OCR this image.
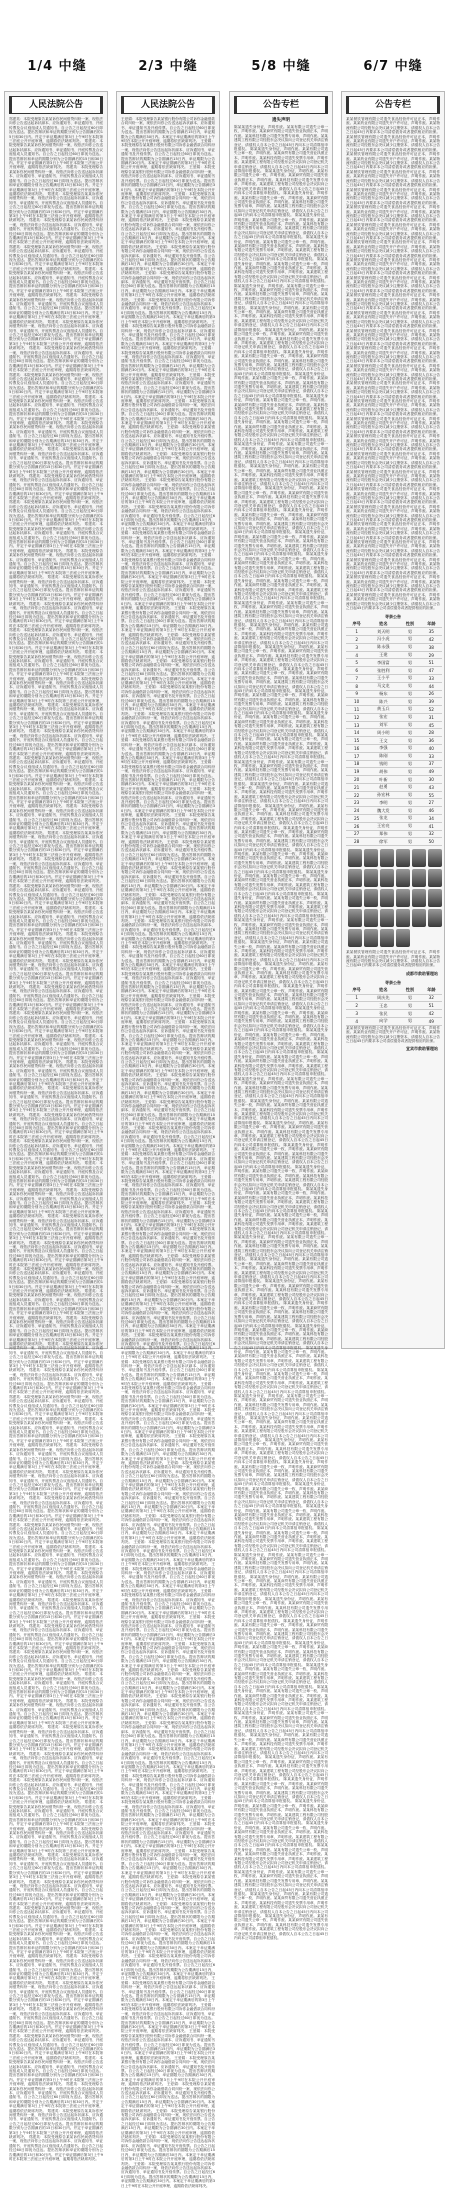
1/4 中缝	2/3 中缝	5/8 中缝	6/7 中缝
人民法院公告
郑建英：本院受理原告某某诉你民间借贷纠纷一案，现依法向你公告送达起诉状副本、应诉通知书、举证通知书、开庭传票及合议庭组成人员通知书。自公告之日起经过60日即视为送达。提出答辩状和举证的期限分别为公告期满后的15日和30日内。并定于举证期满后第3日上午9时在本院第三法庭公开开庭审理，逾期将依法缺席判决。 郑建英：本院受理原告某某诉你民间借贷纠纷一案，现依法向你公告送达起诉状副本、应诉通知书、举证通知书、开庭传票及合议庭组成人员通知书。自公告之日起经过60日即视为送达。提出答辩状和举证的期限分别为公告期满后的15日和30日内。并定于举证期满后第3日上午9时在本院第三法庭公开开庭审理，逾期将依法缺席判决。 郑建英：本院受理原告某某诉你民间借贷纠纷一案，现依法向你公告送达起诉状副本、应诉通知书、举证通知书、开庭传票及合议庭组成人员通知书。自公告之日起经过60日即视为送达。提出答辩状和举证的期限分别为公告期满后的15日和30日内。并定于举证期满后第3日上午9时在本院第三法庭公开开庭审理，逾期将依法缺席判决。 郑建英：本院受理原告某某诉你民间借贷纠纷一案，现依法向你公告送达起诉状副本、应诉通知书、举证通知书、开庭传票及合议庭组成人员通知书。自公告之日起经过60日即视为送达。提出答辩状和举证的期限分别为公告期满后的15日和30日内。并定于举证期满后第3日上午9时在本院第三法庭公开开庭审理，逾期将依法缺席判决。 郑建英：本院受理原告某某诉你民间借贷纠纷一案，现依法向你公告送达起诉状副本、应诉通知书、举证通知书、开庭传票及合议庭组成人员通知书。自公告之日起经过60日即视为送达。提出答辩状和举证的期限分别为公告期满后的15日和30日内。并定于举证期满后第3日上午9时在本院第三法庭公开开庭审理，逾期将依法缺席判决。 郑建英：本院受理原告某某诉你民间借贷纠纷一案，现依法向你公告送达起诉状副本、应诉通知书、举证通知书、开庭传票及合议庭组成人员通知书。自公告之日起经过60日即视为送达。提出答辩状和举证的期限分别为公告期满后的15日和30日内。并定于举证期满后第3日上午9时在本院第三法庭公开开庭审理，逾期将依法缺席判决。 郑建英：本院受理原告某某诉你民间借贷纠纷一案，现依法向你公告送达起诉状副本、应诉通知书、举证通知书、开庭传票及合议庭组成人员通知书。自公告之日起经过60日即视为送达。提出答辩状和举证的期限分别为公告期满后的15日和30日内。并定于举证期满后第3日上午9时在本院第三法庭公开开庭审理，逾期将依法缺席判决。 郑建英：本院受理原告某某诉你民间借贷纠纷一案，现依法向你公告送达起诉状副本、应诉通知书、举证通知书、开庭传票及合议庭组成人员通知书。自公告之日起经过60日即视为送达。提出答辩状和举证的期限分别为公告期满后的15日和30日内。并定于举证期满后第3日上午9时在本院第三法庭公开开庭审理，逾期将依法缺席判决。 郑建英：本院受理原告某某诉你民间借贷纠纷一案，现依法向你公告送达起诉状副本、应诉通知书、举证通知书、开庭传票及合议庭组成人员通知书。自公告之日起经过60日即视为送达。提出答辩状和举证的期限分别为公告期满后的15日和30日内。并定于举证期满后第3日上午9时在本院第三法庭公开开庭审理，逾期将依法缺席判决。 郑建英：本院受理原告某某诉你民间借贷纠纷一案，现依法向你公告送达起诉状副本、应诉通知书、举证通知书、开庭传票及合议庭组成人员通知书。自公告之日起经过60日即视为送达。提出答辩状和举证的期限分别为公告期满后的15日和30日内。并定于举证期满后第3日上午9时在本院第三法庭公开开庭审理，逾期将依法缺席判决。 郑建英：本院受理原告某某诉你民间借贷纠纷一案，现依法向你公告送达起诉状副本、应诉通知书、举证通知书、开庭传票及合议庭组成人员通知书。自公告之日起经过60日即视为送达。提出答辩状和举证的期限分别为公告期满后的15日和30日内。并定于举证期满后第3日上午9时在本院第三法庭公开开庭审理，逾期将依法缺席判决。 郑建英：本院受理原告某某诉你民间借贷纠纷一案，现依法向你公告送达起诉状副本、应诉通知书、举证通知书、开庭传票及合议庭组成人员通知书。自公告之日起经过60日即视为送达。提出答辩状和举证的期限分别为公告期满后的15日和30日内。并定于举证期满后第3日上午9时在本院第三法庭公开开庭审理，逾期将依法缺席判决。 郑建英：本院受理原告某某诉你民间借贷纠纷一案，现依法向你公告送达起诉状副本、应诉通知书、举证通知书、开庭传票及合议庭组成人员通知书。自公告之日起经过60日即视为送达。提出答辩状和举证的期限分别为公告期满后的15日和30日内。并定于举证期满后第3日上午9时在本院第三法庭公开开庭审理，逾期将依法缺席判决。 郑建英：本院受理原告某某诉你民间借贷纠纷一案，现依法向你公告送达起诉状副本、应诉通知书、举证通知书、开庭传票及合议庭组成人员通知书。自公告之日起经过60日即视为送达。提出答辩状和举证的期限分别为公告期满后的15日和30日内。并定于举证期满后第3日上午9时在本院第三法庭公开开庭审理，逾期将依法缺席判决。 郑建英：本院受理原告某某诉你民间借贷纠纷一案，现依法向你公告送达起诉状副本、应诉通知书、举证通知书、开庭传票及合议庭组成人员通知书。自公告之日起经过60日即视为送达。提出答辩状和举证的期限分别为公告期满后的15日和30日内。并定于举证期满后第3日上午9时在本院第三法庭公开开庭审理，逾期将依法缺席判决。 郑建英：本院受理原告某某诉你民间借贷纠纷一案，现依法向你公告送达起诉状副本、应诉通知书、举证通知书、开庭传票及合议庭组成人员通知书。自公告之日起经过60日即视为送达。提出答辩状和举证的期限分别为公告期满后的15日和30日内。并定于举证期满后第3日上午9时在本院第三法庭公开开庭审理，逾期将依法缺席判决。 郑建英：本院受理原告某某诉你民间借贷纠纷一案，现依法向你公告送达起诉状副本、应诉通知书、举证通知书、开庭传票及合议庭组成人员通知书。自公告之日起经过60日即视为送达。提出答辩状和举证的期限分别为公告期满后的15日和30日内。并定于举证期满后第3日上午9时在本院第三法庭公开开庭审理，逾期将依法缺席判决。 郑建英：本院受理原告某某诉你民间借贷纠纷一案，现依法向你公告送达起诉状副本、应诉通知书、举证通知书、开庭传票及合议庭组成人员通知书。自公告之日起经过60日即视为送达。提出答辩状和举证的期限分别为公告期满后的15日和30日内。并定于举证期满后第3日上午9时在本院第三法庭公开开庭审理，逾期将依法缺席判决。 郑建英：本院受理原告某某诉你民间借贷纠纷一案，现依法向你公告送达起诉状副本、应诉通知书、举证通知书、开庭传票及合议庭组成人员通知书。自公告之日起经过60日即视为送达。提出答辩状和举证的期限分别为公告期满后的15日和30日内。并定于举证期满后第3日上午9时在本院第三法庭公开开庭审理，逾期将依法缺席判决。 郑建英：本院受理原告某某诉你民间借贷纠纷一案，现依法向你公告送达起诉状副本、应诉通知书、举证通知书、开庭传票及合议庭组成人员通知书。自公告之日起经过60日即视为送达。提出答辩状和举证的期限分别为公告期满后的15日和30日内。并定于举证期满后第3日上午9时在本院第三法庭公开开庭审理，逾期将依法缺席判决。 郑建英：本院受理原告某某诉你民间借贷纠纷一案，现依法向你公告送达起诉状副本、应诉通知书、举证通知书、开庭传票及合议庭组成人员通知书。自公告之日起经过60日即视为送达。提出答辩状和举证的期限分别为公告期满后的15日和30日内。并定于举证期满后第3日上午9时在本院第三法庭公开开庭审理，逾期将依法缺席判决。 郑建英：本院受理原告某某诉你民间借贷纠纷一案，现依法向你公告送达起诉状副本、应诉通知书、举证通知书、开庭传票及合议庭组成人员通知书。自公告之日起经过60日即视为送达。提出答辩状和举证的期限分别为公告期满后的15日和30日内。并定于举证期满后第3日上午9时在本院第三法庭公开开庭审理，逾期将依法缺席判决。 郑建英：本院受理原告某某诉你民间借贷纠纷一案，现依法向你公告送达起诉状副本、应诉通知书、举证通知书、开庭传票及合议庭组成人员通知书。自公告之日起经过60日即视为送达。提出答辩状和举证的期限分别为公告期满后的15日和30日内。并定于举证期满后第3日上午9时在本院第三法庭公开开庭审理，逾期将依法缺席判决。 郑建英：本院受理原告某某诉你民间借贷纠纷一案，现依法向你公告送达起诉状副本、应诉通知书、举证通知书、开庭传票及合议庭组成人员通知书。自公告之日起经过60日即视为送达。提出答辩状和举证的期限分别为公告期满后的15日和30日内。并定于举证期满后第3日上午9时在本院第三法庭公开开庭审理，逾期将依法缺席判决。 郑建英：本院受理原告某某诉你民间借贷纠纷一案，现依法向你公告送达起诉状副本、应诉通知书、举证通知书、开庭传票及合议庭组成人员通知书。自公告之日起经过60日即视为送达。提出答辩状和举证的期限分别为公告期满后的15日和30日内。并定于举证期满后第3日上午9时在本院第三法庭公开开庭审理，逾期将依法缺席判决。 郑建英：本院受理原告某某诉你民间借贷纠纷一案，现依法向你公告送达起诉状副本、应诉通知书、举证通知书、开庭传票及合议庭组成人员通知书。自公告之日起经过60日即视为送达。提出答辩状和举证的期限分别为公告期满后的15日和30日内。并定于举证期满后第3日上午9时在本院第三法庭公开开庭审理，逾期将依法缺席判决。 郑建英：本院受理原告某某诉你民间借贷纠纷一案，现依法向你公告送达起诉状副本、应诉通知书、举证通知书、开庭传票及合议庭组成人员通知书。自公告之日起经过60日即视为送达。提出答辩状和举证的期限分别为公告期满后的15日和30日内。并定于举证期满后第3日上午9时在本院第三法庭公开开庭审理，逾期将依法缺席判决。 郑建英：本院受理原告某某诉你民间借贷纠纷一案，现依法向你公告送达起诉状副本、应诉通知书、举证通知书、开庭传票及合议庭组成人员通知书。自公告之日起经过60日即视为送达。提出答辩状和举证的期限分别为公告期满后的15日和30日内。并定于举证期满后第3日上午9时在本院第三法庭公开开庭审理，逾期将依法缺席判决。 郑建英：本院受理原告某某诉你民间借贷纠纷一案，现依法向你公告送达起诉状副本、应诉通知书、举证通知书、开庭传票及合议庭组成人员通知书。自公告之日起经过60日即视为送达。提出答辩状和举证的期限分别为公告期满后的15日和30日内。并定于举证期满后第3日上午9时在本院第三法庭公开开庭审理，逾期将依法缺席判决。 郑建英：本院受理原告某某诉你民间借贷纠纷一案，现依法向你公告送达起诉状副本、应诉通知书、举证通知书、开庭传票及合议庭组成人员通知书。自公告之日起经过60日即视为送达。提出答辩状和举证的期限分别为公告期满后的15日和30日内。并定于举证期满后第3日上午9时在本院第三法庭公开开庭审理，逾期将依法缺席判决。 郑建英：本院受理原告某某诉你民间借贷纠纷一案，现依法向你公告送达起诉状副本、应诉通知书、举证通知书、开庭传票及合议庭组成人员通知书。自公告之日起经过60日即视为送达。提出答辩状和举证的期限分别为公告期满后的15日和30日内。并定于举证期满后第3日上午9时在本院第三法庭公开开庭审理，逾期将依法缺席判决。 郑建英：本院受理原告某某诉你民间借贷纠纷一案，现依法向你公告送达起诉状副本、应诉通知书、举证通知书、开庭传票及合议庭组成人员通知书。自公告之日起经过60日即视为送达。提出答辩状和举证的期限分别为公告期满后的15日和30日内。并定于举证期满后第3日上午9时在本院第三法庭公开开庭审理，逾期将依法缺席判决。 郑建英：本院受理原告某某诉你民间借贷纠纷一案，现依法向你公告送达起诉状副本、应诉通知书、举证通知书、开庭传票及合议庭组成人员通知书。自公告之日起经过60日即视为送达。提出答辩状和举证的期限分别为公告期满后的15日和30日内。并定于举证期满后第3日上午9时在本院第三法庭公开开庭审理，逾期将依法缺席判决。 郑建英：本院受理原告某某诉你民间借贷纠纷一案，现依法向你公告送达起诉状副本、应诉通知书、举证通知书、开庭传票及合议庭组成人员通知书。自公告之日起经过60日即视为送达。提出答辩状和举证的期限分别为公告期满后的15日和30日内。并定于举证期满后第3日上午9时在本院第三法庭公开开庭审理，逾期将依法缺席判决。 郑建英：本院受理原告某某诉你民间借贷纠纷一案，现依法向你公告送达起诉状副本、应诉通知书、举证通知书、开庭传票及合议庭组成人员通知书。自公告之日起经过60日即视为送达。提出答辩状和举证的期限分别为公告期满后的15日和30日内。并定于举证期满后第3日上午9时在本院第三法庭公开开庭审理，逾期将依法缺席判决。 郑建英：本院受理原告某某诉你民间借贷纠纷一案，现依法向你公告送达起诉状副本、应诉通知书、举证通知书、开庭传票及合议庭组成人员通知书。自公告之日起经过60日即视为送达。提出答辩状和举证的期限分别为公告期满后的15日和30日内。并定于举证期满后第3日上午9时在本院第三法庭公开开庭审理，逾期将依法缺席判决。 郑建英：本院受理原告某某诉你民间借贷纠纷一案，现依法向你公告送达起诉状副本、应诉通知书、举证通知书、开庭传票及合议庭组成人员通知书。自公告之日起经过60日即视为送达。提出答辩状和举证的期限分别为公告期满后的15日和30日内。并定于举证期满后第3日上午9时在本院第三法庭公开开庭审理，逾期将依法缺席判决。 郑建英：本院受理原告某某诉你民间借贷纠纷一案，现依法向你公告送达起诉状副本、应诉通知书、举证通知书、开庭传票及合议庭组成人员通知书。自公告之日起经过60日即视为送达。提出答辩状和举证的期限分别为公告期满后的15日和30日内。并定于举证期满后第3日上午9时在本院第三法庭公开开庭审理，逾期将依法缺席判决。 郑建英：本院受理原告某某诉你民间借贷纠纷一案，现依法向你公告送达起诉状副本、应诉通知书、举证通知书、开庭传票及合议庭组成人员通知书。自公告之日起经过60日即视为送达。提出答辩状和举证的期限分别为公告期满后的15日和30日内。并定于举证期满后第3日上午9时在本院第三法庭公开开庭审理，逾期将依法缺席判决。 郑建英：本院受理原告某某诉你民间借贷纠纷一案，现依法向你公告送达起诉状副本、应诉通知书、举证通知书、开庭传票及合议庭组成人员通知书。自公告之日起经过60日即视为送达。提出答辩状和举证的期限分别为公告期满后的15日和30日内。并定于举证期满后第3日上午9时在本院第三法庭公开开庭审理，逾期将依法缺席判决。 郑建英：本院受理原告某某诉你民间借贷纠纷一案，现依法向你公告送达起诉状副本、应诉通知书、举证通知书、开庭传票及合议庭组成人员通知书。自公告之日起经过60日即视为送达。提出答辩状和举证的期限分别为公告期满后的15日和30日内。并定于举证期满后第3日上午9时在本院第三法庭公开开庭审理，逾期将依法缺席判决。 郑建英：本院受理原告某某诉你民间借贷纠纷一案，现依法向你公告送达起诉状副本、应诉通知书、举证通知书、开庭传票及合议庭组成人员通知书。自公告之日起经过60日即视为送达。提出答辩状和举证的期限分别为公告期满后的15日和30日内。并定于举证期满后第3日上午9时在本院第三法庭公开开庭审理，逾期将依法缺席判决。 郑建英：本院受理原告某某诉你民间借贷纠纷一案，现依法向你公告送达起诉状副本、应诉通知书、举证通知书、开庭传票及合议庭组成人员通知书。自公告之日起经过60日即视为送达。提出答辩状和举证的期限分别为公告期满后的15日和30日内。并定于举证期满后第3日上午9时在本院第三法庭公开开庭审理，逾期将依法缺席判决。 郑建英：本院受理原告某某诉你民间借贷纠纷一案，现依法向你公告送达起诉状副本、应诉通知书、举证通知书、开庭传票及合议庭组成人员通知书。自公告之日起经过60日即视为送达。提出答辩状和举证的期限分别为公告期满后的15日和30日内。并定于举证期满后第3日上午9时在本院第三法庭公开开庭审理，逾期将依法缺席判决。 郑建英：本院受理原告某某诉你民间借贷纠纷一案，现依法向你公告送达起诉状副本、应诉通知书、举证通知书、开庭传票及合议庭组成人员通知书。自公告之日起经过60日即视为送达。提出答辩状和举证的期限分别为公告期满后的15日和30日内。并定于举证期满后第3日上午9时在本院第三法庭公开开庭审理，逾期将依法缺席判决。 郑建英：本院受理原告某某诉你民间借贷纠纷一案，现依法向你公告送达起诉状副本、应诉通知书、举证通知书、开庭传票及合议庭组成人员通知书。自公告之日起经过60日即视为送达。提出答辩状和举证的期限分别为公告期满后的15日和30日内。并定于举证期满后第3日上午9时在本院第三法庭公开开庭审理，逾期将依法缺席判决。 郑建英：本院受理原告某某诉你民间借贷纠纷一案，现依法向你公告送达起诉状副本、应诉通知书、举证通知书、开庭传票及合议庭组成人员通知书。自公告之日起经过60日即视为送达。提出答辩状和举证的期限分别为公告期满后的15日和30日内。并定于举证期满后第3日上午9时在本院第三法庭公开开庭审理，逾期将依法缺席判决。 郑建英：本院受理原告某某诉你民间借贷纠纷一案，现依法向你公告送达起诉状副本、应诉通知书、举证通知书、开庭传票及合议庭组成人员通知书。自公告之日起经过60日即视为送达。提出答辩状和举证的期限分别为公告期满后的15日和30日内。并定于举证期满后第3日上午9时在本院第三法庭公开开庭审理，逾期将依法缺席判决。 郑建英：本院受理原告某某诉你民间借贷纠纷一案，现依法向你公告送达起诉状副本、应诉通知书、举证通知书、开庭传票及合议庭组成人员通知书。自公告之日起经过60日即视为送达。提出答辩状和举证的期限分别为公告期满后的15日和30日内。并定于举证期满后第3日上午9时在本院第三法庭公开开庭审理，逾期将依法缺席判决。 郑建英：本院受理原告某某诉你民间借贷纠纷一案，现依法向你公告送达起诉状副本、应诉通知书、举证通知书、开庭传票及合议庭组成人员通知书。自公告之日起经过60日即视为送达。提出答辩状和举证的期限分别为公告期满后的15日和30日内。并定于举证期满后第3日上午9时在本院第三法庭公开开庭审理，逾期将依法缺席判决。 郑建英：本院受理原告某某诉你民间借贷纠纷一案，现依法向你公告送达起诉状副本、应诉通知书、举证通知书、开庭传票及合议庭组成人员通知书。自公告之日起经过60日即视为送达。提出答辩状和举证的期限分别为公告期满后的15日和30日内。并定于举证期满后第3日上午9时在本院第三法庭公开开庭审理，逾期将依法缺席判决。 郑建英：本院受理原告某某诉你民间借贷纠纷一案，现依法向你公告送达起诉状副本、应诉通知书、举证通知书、开庭传票及合议庭组成人员通知书。自公告之日起经过60日即视为送达。提出答辩状和举证的期限分别为公告期满后的15日和30日内。并定于举证期满后第3日上午9时在本院第三法庭公开开庭审理，逾期将依法缺席判决。 郑建英：本院受理原告某某诉你民间借贷纠纷一案，现依法向你公告送达起诉状副本、应诉通知书、举证通知书、开庭传票及合议庭组成人员通知书。自公告之日起经过60日即视为送达。提出答辩状和举证的期限分别为公告期满后的15日和30日内。并定于举证期满后第3日上午9时在本院第三法庭公开开庭审理，逾期将依法缺席判决。 郑建英：本院受理原告某某诉你民间借贷纠纷一案，现依法向你公告送达起诉状副本、应诉通知书、举证通知书、开庭传票及合议庭组成人员通知书。自公告之日起经过60日即视为送达。提出答辩状和举证的期限分别为公告期满后的15日和30日内。并定于举证期满后第3日上午9时在本院第三法庭公开开庭审理，逾期将依法缺席判决。 郑建英：本院受理原告某某诉你民间借贷纠纷一案，现依法向你公告送达起诉状副本、应诉通知书、举证通知书、开庭传票及合议庭组成人员通知书。自公告之日起经过60日即视为送达。提出答辩状和举证的期限分别为公告期满后的15日和30日内。并定于举证期满后第3日上午9时在本院第三法庭公开开庭审理，逾期将依法缺席判决。 郑建英：本院受理原告某某诉你民间借贷纠纷一案，现依法向你公告送达起诉状副本、应诉通知书、举证通知书、开庭传票及合议庭组成人员通知书。自公告之日起经过60日即视为送达。提出答辩状和举证的期限分别为公告期满后的15日和30日内。并定于举证期满后第3日上午9时在本院第三法庭公开开庭审理，逾期将依法缺席判决。 郑建英：本院受理原告某某诉你民间借贷纠纷一案，现依法向你公告送达起诉状副本、应诉通知书、举证通知书、开庭传票及合议庭组成人员通知书。自公告之日起经过60日即视为送达。提出答辩状和举证的期限分别为公告期满后的15日和30日内。并定于举证期满后第3日上午9时在本院第三法庭公开开庭审理，逾期将依法缺席判决。 郑建英：本院受理原告某某诉你民间借贷纠纷一案，现依法向你公告送达起诉状副本、应诉通知书、举证通知书、开庭传票及合议庭组成人员通知书。自公告之日起经过60日即视为送达。提出答辩状和举证的期限分别为公告期满后的15日和30日内。并定于举证期满后第3日上午9时在本院第三法庭公开开庭审理，逾期将依法缺席判决。 郑建英：本院受理原告某某诉你民间借贷纠纷一案，现依法向你公告送达起诉状副本、应诉通知书、举证通知书、开庭传票及合议庭组成人员通知书。自公告之日起经过60日即视为送达。提出答辩状和举证的期限分别为公告期满后的15日和30日内。并定于举证期满后第3日上午9时在本院第三法庭公开开庭审理，逾期将依法缺席判决。 郑建英：本院受理原告某某诉你民间借贷纠纷一案，现依法向你公告送达起诉状副本、应诉通知书、举证通知书、开庭传票及合议庭组成人员通知书。自公告之日起经过60日即视为送达。提出答辩状和举证的期限分别为公告期满后的15日和30日内。并定于举证期满后第3日上午9时在本院第三法庭公开开庭审理，逾期将依法缺席判决。 郑建英：本院受理原告某某诉你民间借贷纠纷一案，现依法向你公告送达起诉状副本、应诉通知书、举证通知书、开庭传票及合议庭组成人员通知书。自公告之日起经过60日即视为送达。提出答辩状和举证的期限分别为公告期满后的15日和30日内。并定于举证期满后第3日上午9时在本院第三法庭公开开庭审理，逾期将依法缺席判决。 郑建英：本院受理原告某某诉你民间借贷纠纷一案，现依法向你公告送达起诉状副本、应诉通知书、举证通知书、开庭传票及合议庭组成人员通知书。自公告之日起经过60日即视为送达。提出答辩状和举证的期限分别为公告期满后的15日和30日内。并定于举证期满后第3日上午9时在本院第三法庭公开开庭审理，逾期将依法缺席判决。 郑建英：本院受理原告某某诉你民间借贷纠纷一案，现依法向你公告送达起诉状副本、应诉通知书、举证通知书、开庭传票及合议庭组成人员通知书。自公告之日起经过60日即视为送达。提出答辩状和举证的期限分别为公告期满后的15日和30日内。并定于举证期满后第3日上午9时在本院第三法庭公开开庭审理，逾期将依法缺席判决。 郑建英：本院受理原告某某诉你民间借贷纠纷一案，现依法向你公告送达起诉状副本、应诉通知书、举证通知书、开庭传票及合议庭组成人员通知书。自公告之日起经过60日即视为送达。提出答辩状和举证的期限分别为公告期满后的15日和30日内。并定于举证期满后第3日上午9时在本院第三法庭公开开庭审理，逾期将依法缺席判决。 郑建英：本院受理原告某某诉你民间借贷纠纷一案，现依法向你公告送达起诉状副本、应诉通知书、举证通知书、开庭传票及合议庭组成人员通知书。自公告之日起经过60日即视为送达。提出答辩状和举证的期限分别为公告期满后的15日和30日内。并定于举证期满后第3日上午9时在本院第三法庭公开开庭审理，逾期将依法缺席判决。 郑建英：本院受理原告某某诉你民间借贷纠纷一案，现依法向你公告送达起诉状副本、应诉通知书、举证通知书、开庭传票及合议庭组成人员通知书。自公告之日起经过60日即视为送达。提出答辩状和举证的期限分别为公告期满后的15日和30日内。并定于举证期满后第3日上午9时在本院第三法庭公开开庭审理，逾期将依法缺席判决。 郑建英：本院受理原告某某诉你民间借贷纠纷一案，现依法向你公告送达起诉状副本、应诉通知书、举证通知书、开庭传票及合议庭组成人员通知书。自公告之日起经过60日即视为送达。提出答辩状和举证的期限分别为公告期满后的15日和30日内。并定于举证期满后第3日上午9时在本院第三法庭公开开庭审理，逾期将依法缺席判决。 郑建英：本院受理原告某某诉你民间借贷纠纷一案，现依法向你公告送达起诉状副本、应诉通知书、举证通知书、开庭传票及合议庭组成人员通知书。自公告之日起经过60日即视为送达。提出答辩状和举证的期限分别为公告期满后的15日和30日内。并定于举证期满后第3日上午9时在本院第三法庭公开开庭审理，逾期将依法缺席判决。 郑建英：本院受理原告某某诉你民间借贷纠纷一案，现依法向你公告送达起诉状副本、应诉通知书、举证通知书、开庭传票及合议庭组成人员通知书。自公告之日起经过60日即视为送达。提出答辩状和举证的期限分别为公告期满后的15日和30日内。并定于举证期满后第3日上午9时在本院第三法庭公开开庭审理，逾期将依法缺席判决。 郑建英：本院受理原告某某诉你民间借贷纠纷一案，现依法向你公告送达起诉状副本、应诉通知书、举证通知书、开庭传票及合议庭组成人员通知书。自公告之日起经过60日即视为送达。提出答辩状和举证的期限分别为公告期满后的15日和30日内。并定于举证期满后第3日上午9时在本院第三法庭公开开庭审理，逾期将依法缺席判决。 郑建英：本院受理原告某某诉你民间借贷纠纷一案，现依法向你公告送达起诉状副本、应诉通知书、举证通知书、开庭传票及合议庭组成人员通知书。自公告之日起经过60日即视为送达。提出答辩状和举证的期限分别为公告期满后的15日和30日内。并定于举证期满后第3日上午9时在本院第三法庭公开开庭审理，逾期将依法缺席判决。 郑建英：本院受理原告某某诉你民间借贷纠纷一案，现依法向你公告送达起诉状副本、应诉通知书、举证通知书、开庭传票及合议庭组成人员通知书。自公告之日起经过60日即视为送达。提出答辩状和举证的期限分别为公告期满后的15日和30日内。并定于举证期满后第3日上午9时在本院第三法庭公开开庭审理，逾期将依法缺席判决。 郑建英：本院受理原告某某诉你民间借贷纠纷一案，现依法向你公告送达起诉状副本、应诉通知书、举证通知书、开庭传票及合议庭组成人员通知书。自公告之日起经过60日即视为送达。提出答辩状和举证的期限分别为公告期满后的15日和30日内。并定于举证期满后第3日上午9时在本院第三法庭公开开庭审理，逾期将依法缺席判决。 郑建英：本院受理原告某某诉你民间借贷纠纷一案，现依法向你公告送达起诉状副本、应诉通知书、举证通知书、开庭传票及合议庭组成人员通知书。自公告之日起经过60日即视为送达。提出答辩状和举证的期限分别为公告期满后的15日和30日内。并定于举证期满后第3日上午9时在本院第三法庭公开开庭审理，逾期将依法缺席判决。 郑建英：本院受理原告某某诉你民间借贷纠纷一案，现依法向你公告送达起诉状副本、应诉通知书、举证通知书、开庭传票及合议庭组成人员通知书。自公告之日起经过60日即视为送达。提出答辩状和举证的期限分别为公告期满后的15日和30日内。并定于举证期满后第3日上午9时在本院第三法庭公开开庭审理，逾期将依法缺席判决。 郑建英：本院受理原告某某诉你民间借贷纠纷一案，现依法向你公告送达起诉状副本、应诉通知书、举证通知书、开庭传票及合议庭组成人员通知书。自公告之日起经过60日即视为送达。提出答辩状和举证的期限分别为公告期满后的15日和30日内。并定于举证期满后第3日上午9时在本院第三法庭公开开庭审理，逾期将依法缺席判决。 郑建英：本院受理原告某某诉你民间借贷纠纷一案，现依法向你公告送达起诉状副本、应诉通知书、举证通知书、开庭传票及合议庭组成人员通知书。自公告之日起经过60日即视为送达。提出答辩状和举证的期限分别为公告期满后的15日和30日内。并定于举证期满后第3日上午9时在本院第三法庭公开开庭审理，逾期将依法缺席判决。 郑建英：本院受理原告某某诉你民间借贷纠纷一案，现依法向你公告送达起诉状副本、应诉通知书、举证通知书、开庭传票及合议庭组成人员通知书。自公告之日起经过60日即视为送达。提出答辩状和举证的期限分别为公告期满后的15日和30日内。并定于举证期满后第3日上午9时在本院第三法庭公开开庭审理，逾期将依法缺席判决。 郑建英：本院受理原告某某诉你民间借贷纠纷一案，现依法向你公告送达起诉状副本、应诉通知书、举证通知书、开庭传票及合议庭组成人员通知书。自公告之日起经过60日即视为送达。提出答辩状和举证的期限分别为公告期满后的15日和30日内。并定于举证期满后第3日上午9时在本院第三法庭公开开庭审理，逾期将依法缺席判决。 郑建英：本院受理原告某某诉你民间借贷纠纷一案，现依法向你公告送达起诉状副本、应诉通知书、举证通知书、开庭传票及合议庭组成人员通知书。自公告之日起经过60日即视为送达。提出答辩状和举证的期限分别为公告期满后的15日和30日内。并定于举证期满后第3日上午9时在本院第三法庭公开开庭审理，逾期将依法缺席判决。
人民法院公告
王爱娟：本院受理原告某某银行股份有限公司诉你金融借款合同纠纷一案，现依法向你公告送达起诉状副本、应诉通知书、举证通知书及开庭传票。自公告之日起经过60日即视为送达。提出答辩状的期限为公告期满后15日内，举证期限为公告期满后30日内。本案定于举证期满后的第3日上午9时在本院公开开庭审理，逾期将依法缺席判决。 王爱娟：本院受理原告某某银行股份有限公司诉你金融借款合同纠纷一案，现依法向你公告送达起诉状副本、应诉通知书、举证通知书及开庭传票。自公告之日起经过60日即视为送达。提出答辩状的期限为公告期满后15日内，举证期限为公告期满后30日内。本案定于举证期满后的第3日上午9时在本院公开开庭审理，逾期将依法缺席判决。 王爱娟：本院受理原告某某银行股份有限公司诉你金融借款合同纠纷一案，现依法向你公告送达起诉状副本、应诉通知书、举证通知书及开庭传票。自公告之日起经过60日即视为送达。提出答辩状的期限为公告期满后15日内，举证期限为公告期满后30日内。本案定于举证期满后的第3日上午9时在本院公开开庭审理，逾期将依法缺席判决。 王爱娟：本院受理原告某某银行股份有限公司诉你金融借款合同纠纷一案，现依法向你公告送达起诉状副本、应诉通知书、举证通知书及开庭传票。自公告之日起经过60日即视为送达。提出答辩状的期限为公告期满后15日内，举证期限为公告期满后30日内。本案定于举证期满后的第3日上午9时在本院公开开庭审理，逾期将依法缺席判决。 王爱娟：本院受理原告某某银行股份有限公司诉你金融借款合同纠纷一案，现依法向你公告送达起诉状副本、应诉通知书、举证通知书及开庭传票。自公告之日起经过60日即视为送达。提出答辩状的期限为公告期满后15日内，举证期限为公告期满后30日内。本案定于举证期满后的第3日上午9时在本院公开开庭审理，逾期将依法缺席判决。 王爱娟：本院受理原告某某银行股份有限公司诉你金融借款合同纠纷一案，现依法向你公告送达起诉状副本、应诉通知书、举证通知书及开庭传票。自公告之日起经过60日即视为送达。提出答辩状的期限为公告期满后15日内，举证期限为公告期满后30日内。本案定于举证期满后的第3日上午9时在本院公开开庭审理，逾期将依法缺席判决。 王爱娟：本院受理原告某某银行股份有限公司诉你金融借款合同纠纷一案，现依法向你公告送达起诉状副本、应诉通知书、举证通知书及开庭传票。自公告之日起经过60日即视为送达。提出答辩状的期限为公告期满后15日内，举证期限为公告期满后30日内。本案定于举证期满后的第3日上午9时在本院公开开庭审理，逾期将依法缺席判决。 王爱娟：本院受理原告某某银行股份有限公司诉你金融借款合同纠纷一案，现依法向你公告送达起诉状副本、应诉通知书、举证通知书及开庭传票。自公告之日起经过60日即视为送达。提出答辩状的期限为公告期满后15日内，举证期限为公告期满后30日内。本案定于举证期满后的第3日上午9时在本院公开开庭审理，逾期将依法缺席判决。 王爱娟：本院受理原告某某银行股份有限公司诉你金融借款合同纠纷一案，现依法向你公告送达起诉状副本、应诉通知书、举证通知书及开庭传票。自公告之日起经过60日即视为送达。提出答辩状的期限为公告期满后15日内，举证期限为公告期满后30日内。本案定于举证期满后的第3日上午9时在本院公开开庭审理，逾期将依法缺席判决。 王爱娟：本院受理原告某某银行股份有限公司诉你金融借款合同纠纷一案，现依法向你公告送达起诉状副本、应诉通知书、举证通知书及开庭传票。自公告之日起经过60日即视为送达。提出答辩状的期限为公告期满后15日内，举证期限为公告期满后30日内。本案定于举证期满后的第3日上午9时在本院公开开庭审理，逾期将依法缺席判决。 王爱娟：本院受理原告某某银行股份有限公司诉你金融借款合同纠纷一案，现依法向你公告送达起诉状副本、应诉通知书、举证通知书及开庭传票。自公告之日起经过60日即视为送达。提出答辩状的期限为公告期满后15日内，举证期限为公告期满后30日内。本案定于举证期满后的第3日上午9时在本院公开开庭审理，逾期将依法缺席判决。 王爱娟：本院受理原告某某银行股份有限公司诉你金融借款合同纠纷一案，现依法向你公告送达起诉状副本、应诉通知书、举证通知书及开庭传票。自公告之日起经过60日即视为送达。提出答辩状的期限为公告期满后15日内，举证期限为公告期满后30日内。本案定于举证期满后的第3日上午9时在本院公开开庭审理，逾期将依法缺席判决。 王爱娟：本院受理原告某某银行股份有限公司诉你金融借款合同纠纷一案，现依法向你公告送达起诉状副本、应诉通知书、举证通知书及开庭传票。自公告之日起经过60日即视为送达。提出答辩状的期限为公告期满后15日内，举证期限为公告期满后30日内。本案定于举证期满后的第3日上午9时在本院公开开庭审理，逾期将依法缺席判决。 王爱娟：本院受理原告某某银行股份有限公司诉你金融借款合同纠纷一案，现依法向你公告送达起诉状副本、应诉通知书、举证通知书及开庭传票。自公告之日起经过60日即视为送达。提出答辩状的期限为公告期满后15日内，举证期限为公告期满后30日内。本案定于举证期满后的第3日上午9时在本院公开开庭审理，逾期将依法缺席判决。 王爱娟：本院受理原告某某银行股份有限公司诉你金融借款合同纠纷一案，现依法向你公告送达起诉状副本、应诉通知书、举证通知书及开庭传票。自公告之日起经过60日即视为送达。提出答辩状的期限为公告期满后15日内，举证期限为公告期满后30日内。本案定于举证期满后的第3日上午9时在本院公开开庭审理，逾期将依法缺席判决。 王爱娟：本院受理原告某某银行股份有限公司诉你金融借款合同纠纷一案，现依法向你公告送达起诉状副本、应诉通知书、举证通知书及开庭传票。自公告之日起经过60日即视为送达。提出答辩状的期限为公告期满后15日内，举证期限为公告期满后30日内。本案定于举证期满后的第3日上午9时在本院公开开庭审理，逾期将依法缺席判决。 王爱娟：本院受理原告某某银行股份有限公司诉你金融借款合同纠纷一案，现依法向你公告送达起诉状副本、应诉通知书、举证通知书及开庭传票。自公告之日起经过60日即视为送达。提出答辩状的期限为公告期满后15日内，举证期限为公告期满后30日内。本案定于举证期满后的第3日上午9时在本院公开开庭审理，逾期将依法缺席判决。 王爱娟：本院受理原告某某银行股份有限公司诉你金融借款合同纠纷一案，现依法向你公告送达起诉状副本、应诉通知书、举证通知书及开庭传票。自公告之日起经过60日即视为送达。提出答辩状的期限为公告期满后15日内，举证期限为公告期满后30日内。本案定于举证期满后的第3日上午9时在本院公开开庭审理，逾期将依法缺席判决。 王爱娟：本院受理原告某某银行股份有限公司诉你金融借款合同纠纷一案，现依法向你公告送达起诉状副本、应诉通知书、举证通知书及开庭传票。自公告之日起经过60日即视为送达。提出答辩状的期限为公告期满后15日内，举证期限为公告期满后30日内。本案定于举证期满后的第3日上午9时在本院公开开庭审理，逾期将依法缺席判决。 王爱娟：本院受理原告某某银行股份有限公司诉你金融借款合同纠纷一案，现依法向你公告送达起诉状副本、应诉通知书、举证通知书及开庭传票。自公告之日起经过60日即视为送达。提出答辩状的期限为公告期满后15日内，举证期限为公告期满后30日内。本案定于举证期满后的第3日上午9时在本院公开开庭审理，逾期将依法缺席判决。 王爱娟：本院受理原告某某银行股份有限公司诉你金融借款合同纠纷一案，现依法向你公告送达起诉状副本、应诉通知书、举证通知书及开庭传票。自公告之日起经过60日即视为送达。提出答辩状的期限为公告期满后15日内，举证期限为公告期满后30日内。本案定于举证期满后的第3日上午9时在本院公开开庭审理，逾期将依法缺席判决。 王爱娟：本院受理原告某某银行股份有限公司诉你金融借款合同纠纷一案，现依法向你公告送达起诉状副本、应诉通知书、举证通知书及开庭传票。自公告之日起经过60日即视为送达。提出答辩状的期限为公告期满后15日内，举证期限为公告期满后30日内。本案定于举证期满后的第3日上午9时在本院公开开庭审理，逾期将依法缺席判决。 王爱娟：本院受理原告某某银行股份有限公司诉你金融借款合同纠纷一案，现依法向你公告送达起诉状副本、应诉通知书、举证通知书及开庭传票。自公告之日起经过60日即视为送达。提出答辩状的期限为公告期满后15日内，举证期限为公告期满后30日内。本案定于举证期满后的第3日上午9时在本院公开开庭审理，逾期将依法缺席判决。 王爱娟：本院受理原告某某银行股份有限公司诉你金融借款合同纠纷一案，现依法向你公告送达起诉状副本、应诉通知书、举证通知书及开庭传票。自公告之日起经过60日即视为送达。提出答辩状的期限为公告期满后15日内，举证期限为公告期满后30日内。本案定于举证期满后的第3日上午9时在本院公开开庭审理，逾期将依法缺席判决。 王爱娟：本院受理原告某某银行股份有限公司诉你金融借款合同纠纷一案，现依法向你公告送达起诉状副本、应诉通知书、举证通知书及开庭传票。自公告之日起经过60日即视为送达。提出答辩状的期限为公告期满后15日内，举证期限为公告期满后30日内。本案定于举证期满后的第3日上午9时在本院公开开庭审理，逾期将依法缺席判决。 王爱娟：本院受理原告某某银行股份有限公司诉你金融借款合同纠纷一案，现依法向你公告送达起诉状副本、应诉通知书、举证通知书及开庭传票。自公告之日起经过60日即视为送达。提出答辩状的期限为公告期满后15日内，举证期限为公告期满后30日内。本案定于举证期满后的第3日上午9时在本院公开开庭审理，逾期将依法缺席判决。 王爱娟：本院受理原告某某银行股份有限公司诉你金融借款合同纠纷一案，现依法向你公告送达起诉状副本、应诉通知书、举证通知书及开庭传票。自公告之日起经过60日即视为送达。提出答辩状的期限为公告期满后15日内，举证期限为公告期满后30日内。本案定于举证期满后的第3日上午9时在本院公开开庭审理，逾期将依法缺席判决。 王爱娟：本院受理原告某某银行股份有限公司诉你金融借款合同纠纷一案，现依法向你公告送达起诉状副本、应诉通知书、举证通知书及开庭传票。自公告之日起经过60日即视为送达。提出答辩状的期限为公告期满后15日内，举证期限为公告期满后30日内。本案定于举证期满后的第3日上午9时在本院公开开庭审理，逾期将依法缺席判决。 王爱娟：本院受理原告某某银行股份有限公司诉你金融借款合同纠纷一案，现依法向你公告送达起诉状副本、应诉通知书、举证通知书及开庭传票。自公告之日起经过60日即视为送达。提出答辩状的期限为公告期满后15日内，举证期限为公告期满后30日内。本案定于举证期满后的第3日上午9时在本院公开开庭审理，逾期将依法缺席判决。 王爱娟：本院受理原告某某银行股份有限公司诉你金融借款合同纠纷一案，现依法向你公告送达起诉状副本、应诉通知书、举证通知书及开庭传票。自公告之日起经过60日即视为送达。提出答辩状的期限为公告期满后15日内，举证期限为公告期满后30日内。本案定于举证期满后的第3日上午9时在本院公开开庭审理，逾期将依法缺席判决。 王爱娟：本院受理原告某某银行股份有限公司诉你金融借款合同纠纷一案，现依法向你公告送达起诉状副本、应诉通知书、举证通知书及开庭传票。自公告之日起经过60日即视为送达。提出答辩状的期限为公告期满后15日内，举证期限为公告期满后30日内。本案定于举证期满后的第3日上午9时在本院公开开庭审理，逾期将依法缺席判决。 王爱娟：本院受理原告某某银行股份有限公司诉你金融借款合同纠纷一案，现依法向你公告送达起诉状副本、应诉通知书、举证通知书及开庭传票。自公告之日起经过60日即视为送达。提出答辩状的期限为公告期满后15日内，举证期限为公告期满后30日内。本案定于举证期满后的第3日上午9时在本院公开开庭审理，逾期将依法缺席判决。 王爱娟：本院受理原告某某银行股份有限公司诉你金融借款合同纠纷一案，现依法向你公告送达起诉状副本、应诉通知书、举证通知书及开庭传票。自公告之日起经过60日即视为送达。提出答辩状的期限为公告期满后15日内，举证期限为公告期满后30日内。本案定于举证期满后的第3日上午9时在本院公开开庭审理，逾期将依法缺席判决。 王爱娟：本院受理原告某某银行股份有限公司诉你金融借款合同纠纷一案，现依法向你公告送达起诉状副本、应诉通知书、举证通知书及开庭传票。自公告之日起经过60日即视为送达。提出答辩状的期限为公告期满后15日内，举证期限为公告期满后30日内。本案定于举证期满后的第3日上午9时在本院公开开庭审理，逾期将依法缺席判决。 王爱娟：本院受理原告某某银行股份有限公司诉你金融借款合同纠纷一案，现依法向你公告送达起诉状副本、应诉通知书、举证通知书及开庭传票。自公告之日起经过60日即视为送达。提出答辩状的期限为公告期满后15日内，举证期限为公告期满后30日内。本案定于举证期满后的第3日上午9时在本院公开开庭审理，逾期将依法缺席判决。 王爱娟：本院受理原告某某银行股份有限公司诉你金融借款合同纠纷一案，现依法向你公告送达起诉状副本、应诉通知书、举证通知书及开庭传票。自公告之日起经过60日即视为送达。提出答辩状的期限为公告期满后15日内，举证期限为公告期满后30日内。本案定于举证期满后的第3日上午9时在本院公开开庭审理，逾期将依法缺席判决。 王爱娟：本院受理原告某某银行股份有限公司诉你金融借款合同纠纷一案，现依法向你公告送达起诉状副本、应诉通知书、举证通知书及开庭传票。自公告之日起经过60日即视为送达。提出答辩状的期限为公告期满后15日内，举证期限为公告期满后30日内。本案定于举证期满后的第3日上午9时在本院公开开庭审理，逾期将依法缺席判决。 王爱娟：本院受理原告某某银行股份有限公司诉你金融借款合同纠纷一案，现依法向你公告送达起诉状副本、应诉通知书、举证通知书及开庭传票。自公告之日起经过60日即视为送达。提出答辩状的期限为公告期满后15日内，举证期限为公告期满后30日内。本案定于举证期满后的第3日上午9时在本院公开开庭审理，逾期将依法缺席判决。 王爱娟：本院受理原告某某银行股份有限公司诉你金融借款合同纠纷一案，现依法向你公告送达起诉状副本、应诉通知书、举证通知书及开庭传票。自公告之日起经过60日即视为送达。提出答辩状的期限为公告期满后15日内，举证期限为公告期满后30日内。本案定于举证期满后的第3日上午9时在本院公开开庭审理，逾期将依法缺席判决。 王爱娟：本院受理原告某某银行股份有限公司诉你金融借款合同纠纷一案，现依法向你公告送达起诉状副本、应诉通知书、举证通知书及开庭传票。自公告之日起经过60日即视为送达。提出答辩状的期限为公告期满后15日内，举证期限为公告期满后30日内。本案定于举证期满后的第3日上午9时在本院公开开庭审理，逾期将依法缺席判决。 王爱娟：本院受理原告某某银行股份有限公司诉你金融借款合同纠纷一案，现依法向你公告送达起诉状副本、应诉通知书、举证通知书及开庭传票。自公告之日起经过60日即视为送达。提出答辩状的期限为公告期满后15日内，举证期限为公告期满后30日内。本案定于举证期满后的第3日上午9时在本院公开开庭审理，逾期将依法缺席判决。 王爱娟：本院受理原告某某银行股份有限公司诉你金融借款合同纠纷一案，现依法向你公告送达起诉状副本、应诉通知书、举证通知书及开庭传票。自公告之日起经过60日即视为送达。提出答辩状的期限为公告期满后15日内，举证期限为公告期满后30日内。本案定于举证期满后的第3日上午9时在本院公开开庭审理，逾期将依法缺席判决。 王爱娟：本院受理原告某某银行股份有限公司诉你金融借款合同纠纷一案，现依法向你公告送达起诉状副本、应诉通知书、举证通知书及开庭传票。自公告之日起经过60日即视为送达。提出答辩状的期限为公告期满后15日内，举证期限为公告期满后30日内。本案定于举证期满后的第3日上午9时在本院公开开庭审理，逾期将依法缺席判决。 王爱娟：本院受理原告某某银行股份有限公司诉你金融借款合同纠纷一案，现依法向你公告送达起诉状副本、应诉通知书、举证通知书及开庭传票。自公告之日起经过60日即视为送达。提出答辩状的期限为公告期满后15日内，举证期限为公告期满后30日内。本案定于举证期满后的第3日上午9时在本院公开开庭审理，逾期将依法缺席判决。 王爱娟：本院受理原告某某银行股份有限公司诉你金融借款合同纠纷一案，现依法向你公告送达起诉状副本、应诉通知书、举证通知书及开庭传票。自公告之日起经过60日即视为送达。提出答辩状的期限为公告期满后15日内，举证期限为公告期满后30日内。本案定于举证期满后的第3日上午9时在本院公开开庭审理，逾期将依法缺席判决。 王爱娟：本院受理原告某某银行股份有限公司诉你金融借款合同纠纷一案，现依法向你公告送达起诉状副本、应诉通知书、举证通知书及开庭传票。自公告之日起经过60日即视为送达。提出答辩状的期限为公告期满后15日内，举证期限为公告期满后30日内。本案定于举证期满后的第3日上午9时在本院公开开庭审理，逾期将依法缺席判决。 王爱娟：本院受理原告某某银行股份有限公司诉你金融借款合同纠纷一案，现依法向你公告送达起诉状副本、应诉通知书、举证通知书及开庭传票。自公告之日起经过60日即视为送达。提出答辩状的期限为公告期满后15日内，举证期限为公告期满后30日内。本案定于举证期满后的第3日上午9时在本院公开开庭审理，逾期将依法缺席判决。 王爱娟：本院受理原告某某银行股份有限公司诉你金融借款合同纠纷一案，现依法向你公告送达起诉状副本、应诉通知书、举证通知书及开庭传票。自公告之日起经过60日即视为送达。提出答辩状的期限为公告期满后15日内，举证期限为公告期满后30日内。本案定于举证期满后的第3日上午9时在本院公开开庭审理，逾期将依法缺席判决。 王爱娟：本院受理原告某某银行股份有限公司诉你金融借款合同纠纷一案，现依法向你公告送达起诉状副本、应诉通知书、举证通知书及开庭传票。自公告之日起经过60日即视为送达。提出答辩状的期限为公告期满后15日内，举证期限为公告期满后30日内。本案定于举证期满后的第3日上午9时在本院公开开庭审理，逾期将依法缺席判决。 王爱娟：本院受理原告某某银行股份有限公司诉你金融借款合同纠纷一案，现依法向你公告送达起诉状副本、应诉通知书、举证通知书及开庭传票。自公告之日起经过60日即视为送达。提出答辩状的期限为公告期满后15日内，举证期限为公告期满后30日内。本案定于举证期满后的第3日上午9时在本院公开开庭审理，逾期将依法缺席判决。 王爱娟：本院受理原告某某银行股份有限公司诉你金融借款合同纠纷一案，现依法向你公告送达起诉状副本、应诉通知书、举证通知书及开庭传票。自公告之日起经过60日即视为送达。提出答辩状的期限为公告期满后15日内，举证期限为公告期满后30日内。本案定于举证期满后的第3日上午9时在本院公开开庭审理，逾期将依法缺席判决。 王爱娟：本院受理原告某某银行股份有限公司诉你金融借款合同纠纷一案，现依法向你公告送达起诉状副本、应诉通知书、举证通知书及开庭传票。自公告之日起经过60日即视为送达。提出答辩状的期限为公告期满后15日内，举证期限为公告期满后30日内。本案定于举证期满后的第3日上午9时在本院公开开庭审理，逾期将依法缺席判决。 王爱娟：本院受理原告某某银行股份有限公司诉你金融借款合同纠纷一案，现依法向你公告送达起诉状副本、应诉通知书、举证通知书及开庭传票。自公告之日起经过60日即视为送达。提出答辩状的期限为公告期满后15日内，举证期限为公告期满后30日内。本案定于举证期满后的第3日上午9时在本院公开开庭审理，逾期将依法缺席判决。 王爱娟：本院受理原告某某银行股份有限公司诉你金融借款合同纠纷一案，现依法向你公告送达起诉状副本、应诉通知书、举证通知书及开庭传票。自公告之日起经过60日即视为送达。提出答辩状的期限为公告期满后15日内，举证期限为公告期满后30日内。本案定于举证期满后的第3日上午9时在本院公开开庭审理，逾期将依法缺席判决。 王爱娟：本院受理原告某某银行股份有限公司诉你金融借款合同纠纷一案，现依法向你公告送达起诉状副本、应诉通知书、举证通知书及开庭传票。自公告之日起经过60日即视为送达。提出答辩状的期限为公告期满后15日内，举证期限为公告期满后30日内。本案定于举证期满后的第3日上午9时在本院公开开庭审理，逾期将依法缺席判决。 王爱娟：本院受理原告某某银行股份有限公司诉你金融借款合同纠纷一案，现依法向你公告送达起诉状副本、应诉通知书、举证通知书及开庭传票。自公告之日起经过60日即视为送达。提出答辩状的期限为公告期满后15日内，举证期限为公告期满后30日内。本案定于举证期满后的第3日上午9时在本院公开开庭审理，逾期将依法缺席判决。 王爱娟：本院受理原告某某银行股份有限公司诉你金融借款合同纠纷一案，现依法向你公告送达起诉状副本、应诉通知书、举证通知书及开庭传票。自公告之日起经过60日即视为送达。提出答辩状的期限为公告期满后15日内，举证期限为公告期满后30日内。本案定于举证期满后的第3日上午9时在本院公开开庭审理，逾期将依法缺席判决。 王爱娟：本院受理原告某某银行股份有限公司诉你金融借款合同纠纷一案，现依法向你公告送达起诉状副本、应诉通知书、举证通知书及开庭传票。自公告之日起经过60日即视为送达。提出答辩状的期限为公告期满后15日内，举证期限为公告期满后30日内。本案定于举证期满后的第3日上午9时在本院公开开庭审理，逾期将依法缺席判决。 王爱娟：本院受理原告某某银行股份有限公司诉你金融借款合同纠纷一案，现依法向你公告送达起诉状副本、应诉通知书、举证通知书及开庭传票。自公告之日起经过60日即视为送达。提出答辩状的期限为公告期满后15日内，举证期限为公告期满后30日内。本案定于举证期满后的第3日上午9时在本院公开开庭审理，逾期将依法缺席判决。 王爱娟：本院受理原告某某银行股份有限公司诉你金融借款合同纠纷一案，现依法向你公告送达起诉状副本、应诉通知书、举证通知书及开庭传票。自公告之日起经过60日即视为送达。提出答辩状的期限为公告期满后15日内，举证期限为公告期满后30日内。本案定于举证期满后的第3日上午9时在本院公开开庭审理，逾期将依法缺席判决。 王爱娟：本院受理原告某某银行股份有限公司诉你金融借款合同纠纷一案，现依法向你公告送达起诉状副本、应诉通知书、举证通知书及开庭传票。自公告之日起经过60日即视为送达。提出答辩状的期限为公告期满后15日内，举证期限为公告期满后30日内。本案定于举证期满后的第3日上午9时在本院公开开庭审理，逾期将依法缺席判决。 王爱娟：本院受理原告某某银行股份有限公司诉你金融借款合同纠纷一案，现依法向你公告送达起诉状副本、应诉通知书、举证通知书及开庭传票。自公告之日起经过60日即视为送达。提出答辩状的期限为公告期满后15日内，举证期限为公告期满后30日内。本案定于举证期满后的第3日上午9时在本院公开开庭审理，逾期将依法缺席判决。 王爱娟：本院受理原告某某银行股份有限公司诉你金融借款合同纠纷一案，现依法向你公告送达起诉状副本、应诉通知书、举证通知书及开庭传票。自公告之日起经过60日即视为送达。提出答辩状的期限为公告期满后15日内，举证期限为公告期满后30日内。本案定于举证期满后的第3日上午9时在本院公开开庭审理，逾期将依法缺席判决。 王爱娟：本院受理原告某某银行股份有限公司诉你金融借款合同纠纷一案，现依法向你公告送达起诉状副本、应诉通知书、举证通知书及开庭传票。自公告之日起经过60日即视为送达。提出答辩状的期限为公告期满后15日内，举证期限为公告期满后30日内。本案定于举证期满后的第3日上午9时在本院公开开庭审理，逾期将依法缺席判决。 王爱娟：本院受理原告某某银行股份有限公司诉你金融借款合同纠纷一案，现依法向你公告送达起诉状副本、应诉通知书、举证通知书及开庭传票。自公告之日起经过60日即视为送达。提出答辩状的期限为公告期满后15日内，举证期限为公告期满后30日内。本案定于举证期满后的第3日上午9时在本院公开开庭审理，逾期将依法缺席判决。 王爱娟：本院受理原告某某银行股份有限公司诉你金融借款合同纠纷一案，现依法向你公告送达起诉状副本、应诉通知书、举证通知书及开庭传票。自公告之日起经过60日即视为送达。提出答辩状的期限为公告期满后15日内，举证期限为公告期满后30日内。本案定于举证期满后的第3日上午9时在本院公开开庭审理，逾期将依法缺席判决。 王爱娟：本院受理原告某某银行股份有限公司诉你金融借款合同纠纷一案，现依法向你公告送达起诉状副本、应诉通知书、举证通知书及开庭传票。自公告之日起经过60日即视为送达。提出答辩状的期限为公告期满后15日内，举证期限为公告期满后30日内。本案定于举证期满后的第3日上午9时在本院公开开庭审理，逾期将依法缺席判决。 王爱娟：本院受理原告某某银行股份有限公司诉你金融借款合同纠纷一案，现依法向你公告送达起诉状副本、应诉通知书、举证通知书及开庭传票。自公告之日起经过60日即视为送达。提出答辩状的期限为公告期满后15日内，举证期限为公告期满后30日内。本案定于举证期满后的第3日上午9时在本院公开开庭审理，逾期将依法缺席判决。 王爱娟：本院受理原告某某银行股份有限公司诉你金融借款合同纠纷一案，现依法向你公告送达起诉状副本、应诉通知书、举证通知书及开庭传票。自公告之日起经过60日即视为送达。提出答辩状的期限为公告期满后15日内，举证期限为公告期满后30日内。本案定于举证期满后的第3日上午9时在本院公开开庭审理，逾期将依法缺席判决。 王爱娟：本院受理原告某某银行股份有限公司诉你金融借款合同纠纷一案，现依法向你公告送达起诉状副本、应诉通知书、举证通知书及开庭传票。自公告之日起经过60日即视为送达。提出答辩状的期限为公告期满后15日内，举证期限为公告期满后30日内。本案定于举证期满后的第3日上午9时在本院公开开庭审理，逾期将依法缺席判决。 王爱娟：本院受理原告某某银行股份有限公司诉你金融借款合同纠纷一案，现依法向你公告送达起诉状副本、应诉通知书、举证通知书及开庭传票。自公告之日起经过60日即视为送达。提出答辩状的期限为公告期满后15日内，举证期限为公告期满后30日内。本案定于举证期满后的第3日上午9时在本院公开开庭审理，逾期将依法缺席判决。 王爱娟：本院受理原告某某银行股份有限公司诉你金融借款合同纠纷一案，现依法向你公告送达起诉状副本、应诉通知书、举证通知书及开庭传票。自公告之日起经过60日即视为送达。提出答辩状的期限为公告期满后15日内，举证期限为公告期满后30日内。本案定于举证期满后的第3日上午9时在本院公开开庭审理，逾期将依法缺席判决。 王爱娟：本院受理原告某某银行股份有限公司诉你金融借款合同纠纷一案，现依法向你公告送达起诉状副本、应诉通知书、举证通知书及开庭传票。自公告之日起经过60日即视为送达。提出答辩状的期限为公告期满后15日内，举证期限为公告期满后30日内。本案定于举证期满后的第3日上午9时在本院公开开庭审理，逾期将依法缺席判决。 王爱娟：本院受理原告某某银行股份有限公司诉你金融借款合同纠纷一案，现依法向你公告送达起诉状副本、应诉通知书、举证通知书及开庭传票。自公告之日起经过60日即视为送达。提出答辩状的期限为公告期满后15日内，举证期限为公告期满后30日内。本案定于举证期满后的第3日上午9时在本院公开开庭审理，逾期将依法缺席判决。 王爱娟：本院受理原告某某银行股份有限公司诉你金融借款合同纠纷一案，现依法向你公告送达起诉状副本、应诉通知书、举证通知书及开庭传票。自公告之日起经过60日即视为送达。提出答辩状的期限为公告期满后15日内，举证期限为公告期满后30日内。本案定于举证期满后的第3日上午9时在本院公开开庭审理，逾期将依法缺席判决。 王爱娟：本院受理原告某某银行股份有限公司诉你金融借款合同纠纷一案，现依法向你公告送达起诉状副本、应诉通知书、举证通知书及开庭传票。自公告之日起经过60日即视为送达。提出答辩状的期限为公告期满后15日内，举证期限为公告期满后30日内。本案定于举证期满后的第3日上午9时在本院公开开庭审理，逾期将依法缺席判决。 王爱娟：本院受理原告某某银行股份有限公司诉你金融借款合同纠纷一案，现依法向你公告送达起诉状副本、应诉通知书、举证通知书及开庭传票。自公告之日起经过60日即视为送达。提出答辩状的期限为公告期满后15日内，举证期限为公告期满后30日内。本案定于举证期满后的第3日上午9时在本院公开开庭审理，逾期将依法缺席判决。 王爱娟：本院受理原告某某银行股份有限公司诉你金融借款合同纠纷一案，现依法向你公告送达起诉状副本、应诉通知书、举证通知书及开庭传票。自公告之日起经过60日即视为送达。提出答辩状的期限为公告期满后15日内，举证期限为公告期满后30日内。本案定于举证期满后的第3日上午9时在本院公开开庭审理，逾期将依法缺席判决。 王爱娟：本院受理原告某某银行股份有限公司诉你金融借款合同纠纷一案，现依法向你公告送达起诉状副本、应诉通知书、举证通知书及开庭传票。自公告之日起经过60日即视为送达。提出答辩状的期限为公告期满后15日内，举证期限为公告期满后30日内。本案定于举证期满后的第3日上午9时在本院公开开庭审理，逾期将依法缺席判决。 王爱娟：本院受理原告某某银行股份有限公司诉你金融借款合同纠纷一案，现依法向你公告送达起诉状副本、应诉通知书、举证通知书及开庭传票。自公告之日起经过60日即视为送达。提出答辩状的期限为公告期满后15日内，举证期限为公告期满后30日内。本案定于举证期满后的第3日上午9时在本院公开开庭审理，逾期将依法缺席判决。
公告专栏
遗失声明
陈某某遗失身份证，声明作废。某某有限公司遗失公章一枚，声明作废。某某商贸有限公司遗失营业执照正本，声明作废。某某科技有限公司遗失发票专用章，声明作废。某某建筑工程有限公司经股东会决议拟向公司登记机关申请注销登记，请债权人自本公告之日起45日内向本公司清算组申报债权。 陈某某遗失身份证，声明作废。某某有限公司遗失公章一枚，声明作废。某某商贸有限公司遗失营业执照正本，声明作废。某某科技有限公司遗失发票专用章，声明作废。某某建筑工程有限公司经股东会决议拟向公司登记机关申请注销登记，请债权人自本公告之日起45日内向本公司清算组申报债权。 陈某某遗失身份证，声明作废。某某有限公司遗失公章一枚，声明作废。某某商贸有限公司遗失营业执照正本，声明作废。某某科技有限公司遗失发票专用章，声明作废。某某建筑工程有限公司经股东会决议拟向公司登记机关申请注销登记，请债权人自本公告之日起45日内向本公司清算组申报债权。 陈某某遗失身份证，声明作废。某某有限公司遗失公章一枚，声明作废。某某商贸有限公司遗失营业执照正本，声明作废。某某科技有限公司遗失发票专用章，声明作废。某某建筑工程有限公司经股东会决议拟向公司登记机关申请注销登记，请债权人自本公告之日起45日内向本公司清算组申报债权。 陈某某遗失身份证，声明作废。某某有限公司遗失公章一枚，声明作废。某某商贸有限公司遗失营业执照正本，声明作废。某某科技有限公司遗失发票专用章，声明作废。某某建筑工程有限公司经股东会决议拟向公司登记机关申请注销登记，请债权人自本公告之日起45日内向本公司清算组申报债权。 陈某某遗失身份证，声明作废。某某有限公司遗失公章一枚，声明作废。某某商贸有限公司遗失营业执照正本，声明作废。某某科技有限公司遗失发票专用章，声明作废。某某建筑工程有限公司经股东会决议拟向公司登记机关申请注销登记，请债权人自本公告之日起45日内向本公司清算组申报债权。 陈某某遗失身份证，声明作废。某某有限公司遗失公章一枚，声明作废。某某商贸有限公司遗失营业执照正本，声明作废。某某科技有限公司遗失发票专用章，声明作废。某某建筑工程有限公司经股东会决议拟向公司登记机关申请注销登记，请债权人自本公告之日起45日内向本公司清算组申报债权。 陈某某遗失身份证，声明作废。某某有限公司遗失公章一枚，声明作废。某某商贸有限公司遗失营业执照正本，声明作废。某某科技有限公司遗失发票专用章，声明作废。某某建筑工程有限公司经股东会决议拟向公司登记机关申请注销登记，请债权人自本公告之日起45日内向本公司清算组申报债权。 陈某某遗失身份证，声明作废。某某有限公司遗失公章一枚，声明作废。某某商贸有限公司遗失营业执照正本，声明作废。某某科技有限公司遗失发票专用章，声明作废。某某建筑工程有限公司经股东会决议拟向公司登记机关申请注销登记，请债权人自本公告之日起45日内向本公司清算组申报债权。 陈某某遗失身份证，声明作废。某某有限公司遗失公章一枚，声明作废。某某商贸有限公司遗失营业执照正本，声明作废。某某科技有限公司遗失发票专用章，声明作废。某某建筑工程有限公司经股东会决议拟向公司登记机关申请注销登记，请债权人自本公告之日起45日内向本公司清算组申报债权。 陈某某遗失身份证，声明作废。某某有限公司遗失公章一枚，声明作废。某某商贸有限公司遗失营业执照正本，声明作废。某某科技有限公司遗失发票专用章，声明作废。某某建筑工程有限公司经股东会决议拟向公司登记机关申请注销登记，请债权人自本公告之日起45日内向本公司清算组申报债权。 陈某某遗失身份证，声明作废。某某有限公司遗失公章一枚，声明作废。某某商贸有限公司遗失营业执照正本，声明作废。某某科技有限公司遗失发票专用章，声明作废。某某建筑工程有限公司经股东会决议拟向公司登记机关申请注销登记，请债权人自本公告之日起45日内向本公司清算组申报债权。 陈某某遗失身份证，声明作废。某某有限公司遗失公章一枚，声明作废。某某商贸有限公司遗失营业执照正本，声明作废。某某科技有限公司遗失发票专用章，声明作废。某某建筑工程有限公司经股东会决议拟向公司登记机关申请注销登记，请债权人自本公告之日起45日内向本公司清算组申报债权。 陈某某遗失身份证，声明作废。某某有限公司遗失公章一枚，声明作废。某某商贸有限公司遗失营业执照正本，声明作废。某某科技有限公司遗失发票专用章，声明作废。某某建筑工程有限公司经股东会决议拟向公司登记机关申请注销登记，请债权人自本公告之日起45日内向本公司清算组申报债权。 陈某某遗失身份证，声明作废。某某有限公司遗失公章一枚，声明作废。某某商贸有限公司遗失营业执照正本，声明作废。某某科技有限公司遗失发票专用章，声明作废。某某建筑工程有限公司经股东会决议拟向公司登记机关申请注销登记，请债权人自本公告之日起45日内向本公司清算组申报债权。 陈某某遗失身份证，声明作废。某某有限公司遗失公章一枚，声明作废。某某商贸有限公司遗失营业执照正本，声明作废。某某科技有限公司遗失发票专用章，声明作废。某某建筑工程有限公司经股东会决议拟向公司登记机关申请注销登记，请债权人自本公告之日起45日内向本公司清算组申报债权。 陈某某遗失身份证，声明作废。某某有限公司遗失公章一枚，声明作废。某某商贸有限公司遗失营业执照正本，声明作废。某某科技有限公司遗失发票专用章，声明作废。某某建筑工程有限公司经股东会决议拟向公司登记机关申请注销登记，请债权人自本公告之日起45日内向本公司清算组申报债权。 陈某某遗失身份证，声明作废。某某有限公司遗失公章一枚，声明作废。某某商贸有限公司遗失营业执照正本，声明作废。某某科技有限公司遗失发票专用章，声明作废。某某建筑工程有限公司经股东会决议拟向公司登记机关申请注销登记，请债权人自本公告之日起45日内向本公司清算组申报债权。 陈某某遗失身份证，声明作废。某某有限公司遗失公章一枚，声明作废。某某商贸有限公司遗失营业执照正本，声明作废。某某科技有限公司遗失发票专用章，声明作废。某某建筑工程有限公司经股东会决议拟向公司登记机关申请注销登记，请债权人自本公告之日起45日内向本公司清算组申报债权。 陈某某遗失身份证，声明作废。某某有限公司遗失公章一枚，声明作废。某某商贸有限公司遗失营业执照正本，声明作废。某某科技有限公司遗失发票专用章，声明作废。某某建筑工程有限公司经股东会决议拟向公司登记机关申请注销登记，请债权人自本公告之日起45日内向本公司清算组申报债权。 陈某某遗失身份证，声明作废。某某有限公司遗失公章一枚，声明作废。某某商贸有限公司遗失营业执照正本，声明作废。某某科技有限公司遗失发票专用章，声明作废。某某建筑工程有限公司经股东会决议拟向公司登记机关申请注销登记，请债权人自本公告之日起45日内向本公司清算组申报债权。 陈某某遗失身份证，声明作废。某某有限公司遗失公章一枚，声明作废。某某商贸有限公司遗失营业执照正本，声明作废。某某科技有限公司遗失发票专用章，声明作废。某某建筑工程有限公司经股东会决议拟向公司登记机关申请注销登记，请债权人自本公告之日起45日内向本公司清算组申报债权。 陈某某遗失身份证，声明作废。某某有限公司遗失公章一枚，声明作废。某某商贸有限公司遗失营业执照正本，声明作废。某某科技有限公司遗失发票专用章，声明作废。某某建筑工程有限公司经股东会决议拟向公司登记机关申请注销登记，请债权人自本公告之日起45日内向本公司清算组申报债权。 陈某某遗失身份证，声明作废。某某有限公司遗失公章一枚，声明作废。某某商贸有限公司遗失营业执照正本，声明作废。某某科技有限公司遗失发票专用章，声明作废。某某建筑工程有限公司经股东会决议拟向公司登记机关申请注销登记，请债权人自本公告之日起45日内向本公司清算组申报债权。 陈某某遗失身份证，声明作废。某某有限公司遗失公章一枚，声明作废。某某商贸有限公司遗失营业执照正本，声明作废。某某科技有限公司遗失发票专用章，声明作废。某某建筑工程有限公司经股东会决议拟向公司登记机关申请注销登记，请债权人自本公告之日起45日内向本公司清算组申报债权。 陈某某遗失身份证，声明作废。某某有限公司遗失公章一枚，声明作废。某某商贸有限公司遗失营业执照正本，声明作废。某某科技有限公司遗失发票专用章，声明作废。某某建筑工程有限公司经股东会决议拟向公司登记机关申请注销登记，请债权人自本公告之日起45日内向本公司清算组申报债权。 陈某某遗失身份证，声明作废。某某有限公司遗失公章一枚，声明作废。某某商贸有限公司遗失营业执照正本，声明作废。某某科技有限公司遗失发票专用章，声明作废。某某建筑工程有限公司经股东会决议拟向公司登记机关申请注销登记，请债权人自本公告之日起45日内向本公司清算组申报债权。 陈某某遗失身份证，声明作废。某某有限公司遗失公章一枚，声明作废。某某商贸有限公司遗失营业执照正本，声明作废。某某科技有限公司遗失发票专用章，声明作废。某某建筑工程有限公司经股东会决议拟向公司登记机关申请注销登记，请债权人自本公告之日起45日内向本公司清算组申报债权。 陈某某遗失身份证，声明作废。某某有限公司遗失公章一枚，声明作废。某某商贸有限公司遗失营业执照正本，声明作废。某某科技有限公司遗失发票专用章，声明作废。某某建筑工程有限公司经股东会决议拟向公司登记机关申请注销登记，请债权人自本公告之日起45日内向本公司清算组申报债权。 陈某某遗失身份证，声明作废。某某有限公司遗失公章一枚，声明作废。某某商贸有限公司遗失营业执照正本，声明作废。某某科技有限公司遗失发票专用章，声明作废。某某建筑工程有限公司经股东会决议拟向公司登记机关申请注销登记，请债权人自本公告之日起45日内向本公司清算组申报债权。 陈某某遗失身份证，声明作废。某某有限公司遗失公章一枚，声明作废。某某商贸有限公司遗失营业执照正本，声明作废。某某科技有限公司遗失发票专用章，声明作废。某某建筑工程有限公司经股东会决议拟向公司登记机关申请注销登记，请债权人自本公告之日起45日内向本公司清算组申报债权。 陈某某遗失身份证，声明作废。某某有限公司遗失公章一枚，声明作废。某某商贸有限公司遗失营业执照正本，声明作废。某某科技有限公司遗失发票专用章，声明作废。某某建筑工程有限公司经股东会决议拟向公司登记机关申请注销登记，请债权人自本公告之日起45日内向本公司清算组申报债权。 陈某某遗失身份证，声明作废。某某有限公司遗失公章一枚，声明作废。某某商贸有限公司遗失营业执照正本，声明作废。某某科技有限公司遗失发票专用章，声明作废。某某建筑工程有限公司经股东会决议拟向公司登记机关申请注销登记，请债权人自本公告之日起45日内向本公司清算组申报债权。 陈某某遗失身份证，声明作废。某某有限公司遗失公章一枚，声明作废。某某商贸有限公司遗失营业执照正本，声明作废。某某科技有限公司遗失发票专用章，声明作废。某某建筑工程有限公司经股东会决议拟向公司登记机关申请注销登记，请债权人自本公告之日起45日内向本公司清算组申报债权。 陈某某遗失身份证，声明作废。某某有限公司遗失公章一枚，声明作废。某某商贸有限公司遗失营业执照正本，声明作废。某某科技有限公司遗失发票专用章，声明作废。某某建筑工程有限公司经股东会决议拟向公司登记机关申请注销登记，请债权人自本公告之日起45日内向本公司清算组申报债权。 陈某某遗失身份证，声明作废。某某有限公司遗失公章一枚，声明作废。某某商贸有限公司遗失营业执照正本，声明作废。某某科技有限公司遗失发票专用章，声明作废。某某建筑工程有限公司经股东会决议拟向公司登记机关申请注销登记，请债权人自本公告之日起45日内向本公司清算组申报债权。 陈某某遗失身份证，声明作废。某某有限公司遗失公章一枚，声明作废。某某商贸有限公司遗失营业执照正本，声明作废。某某科技有限公司遗失发票专用章，声明作废。某某建筑工程有限公司经股东会决议拟向公司登记机关申请注销登记，请债权人自本公告之日起45日内向本公司清算组申报债权。 陈某某遗失身份证，声明作废。某某有限公司遗失公章一枚，声明作废。某某商贸有限公司遗失营业执照正本，声明作废。某某科技有限公司遗失发票专用章，声明作废。某某建筑工程有限公司经股东会决议拟向公司登记机关申请注销登记，请债权人自本公告之日起45日内向本公司清算组申报债权。 陈某某遗失身份证，声明作废。某某有限公司遗失公章一枚，声明作废。某某商贸有限公司遗失营业执照正本，声明作废。某某科技有限公司遗失发票专用章，声明作废。某某建筑工程有限公司经股东会决议拟向公司登记机关申请注销登记，请债权人自本公告之日起45日内向本公司清算组申报债权。 陈某某遗失身份证，声明作废。某某有限公司遗失公章一枚，声明作废。某某商贸有限公司遗失营业执照正本，声明作废。某某科技有限公司遗失发票专用章，声明作废。某某建筑工程有限公司经股东会决议拟向公司登记机关申请注销登记，请债权人自本公告之日起45日内向本公司清算组申报债权。 陈某某遗失身份证，声明作废。某某有限公司遗失公章一枚，声明作废。某某商贸有限公司遗失营业执照正本，声明作废。某某科技有限公司遗失发票专用章，声明作废。某某建筑工程有限公司经股东会决议拟向公司登记机关申请注销登记，请债权人自本公告之日起45日内向本公司清算组申报债权。 陈某某遗失身份证，声明作废。某某有限公司遗失公章一枚，声明作废。某某商贸有限公司遗失营业执照正本，声明作废。某某科技有限公司遗失发票专用章，声明作废。某某建筑工程有限公司经股东会决议拟向公司登记机关申请注销登记，请债权人自本公告之日起45日内向本公司清算组申报债权。 陈某某遗失身份证，声明作废。某某有限公司遗失公章一枚，声明作废。某某商贸有限公司遗失营业执照正本，声明作废。某某科技有限公司遗失发票专用章，声明作废。某某建筑工程有限公司经股东会决议拟向公司登记机关申请注销登记，请债权人自本公告之日起45日内向本公司清算组申报债权。 陈某某遗失身份证，声明作废。某某有限公司遗失公章一枚，声明作废。某某商贸有限公司遗失营业执照正本，声明作废。某某科技有限公司遗失发票专用章，声明作废。某某建筑工程有限公司经股东会决议拟向公司登记机关申请注销登记，请债权人自本公告之日起45日内向本公司清算组申报债权。 陈某某遗失身份证，声明作废。某某有限公司遗失公章一枚，声明作废。某某商贸有限公司遗失营业执照正本，声明作废。某某科技有限公司遗失发票专用章，声明作废。某某建筑工程有限公司经股东会决议拟向公司登记机关申请注销登记，请债权人自本公告之日起45日内向本公司清算组申报债权。 陈某某遗失身份证，声明作废。某某有限公司遗失公章一枚，声明作废。某某商贸有限公司遗失营业执照正本，声明作废。某某科技有限公司遗失发票专用章，声明作废。某某建筑工程有限公司经股东会决议拟向公司登记机关申请注销登记，请债权人自本公告之日起45日内向本公司清算组申报债权。 陈某某遗失身份证，声明作废。某某有限公司遗失公章一枚，声明作废。某某商贸有限公司遗失营业执照正本，声明作废。某某科技有限公司遗失发票专用章，声明作废。某某建筑工程有限公司经股东会决议拟向公司登记机关申请注销登记，请债权人自本公告之日起45日内向本公司清算组申报债权。 陈某某遗失身份证，声明作废。某某有限公司遗失公章一枚，声明作废。某某商贸有限公司遗失营业执照正本，声明作废。某某科技有限公司遗失发票专用章，声明作废。某某建筑工程有限公司经股东会决议拟向公司登记机关申请注销登记，请债权人自本公告之日起45日内向本公司清算组申报债权。 陈某某遗失身份证，声明作废。某某有限公司遗失公章一枚，声明作废。某某商贸有限公司遗失营业执照正本，声明作废。某某科技有限公司遗失发票专用章，声明作废。某某建筑工程有限公司经股东会决议拟向公司登记机关申请注销登记，请债权人自本公告之日起45日内向本公司清算组申报债权。 陈某某遗失身份证，声明作废。某某有限公司遗失公章一枚，声明作废。某某商贸有限公司遗失营业执照正本，声明作废。某某科技有限公司遗失发票专用章，声明作废。某某建筑工程有限公司经股东会决议拟向公司登记机关申请注销登记，请债权人自本公告之日起45日内向本公司清算组申报债权。 陈某某遗失身份证，声明作废。某某有限公司遗失公章一枚，声明作废。某某商贸有限公司遗失营业执照正本，声明作废。某某科技有限公司遗失发票专用章，声明作废。某某建筑工程有限公司经股东会决议拟向公司登记机关申请注销登记，请债权人自本公告之日起45日内向本公司清算组申报债权。 陈某某遗失身份证，声明作废。某某有限公司遗失公章一枚，声明作废。某某商贸有限公司遗失营业执照正本，声明作废。某某科技有限公司遗失发票专用章，声明作废。某某建筑工程有限公司经股东会决议拟向公司登记机关申请注销登记，请债权人自本公告之日起45日内向本公司清算组申报债权。 陈某某遗失身份证，声明作废。某某有限公司遗失公章一枚，声明作废。某某商贸有限公司遗失营业执照正本，声明作废。某某科技有限公司遗失发票专用章，声明作废。某某建筑工程有限公司经股东会决议拟向公司登记机关申请注销登记，请债权人自本公告之日起45日内向本公司清算组申报债权。 陈某某遗失身份证，声明作废。某某有限公司遗失公章一枚，声明作废。某某商贸有限公司遗失营业执照正本，声明作废。某某科技有限公司遗失发票专用章，声明作废。某某建筑工程有限公司经股东会决议拟向公司登记机关申请注销登记，请债权人自本公告之日起45日内向本公司清算组申报债权。 陈某某遗失身份证，声明作废。某某有限公司遗失公章一枚，声明作废。某某商贸有限公司遗失营业执照正本，声明作废。某某科技有限公司遗失发票专用章，声明作废。某某建筑工程有限公司经股东会决议拟向公司登记机关申请注销登记，请债权人自本公告之日起45日内向本公司清算组申报债权。 陈某某遗失身份证，声明作废。某某有限公司遗失公章一枚，声明作废。某某商贸有限公司遗失营业执照正本，声明作废。某某科技有限公司遗失发票专用章，声明作废。某某建筑工程有限公司经股东会决议拟向公司登记机关申请注销登记，请债权人自本公告之日起45日内向本公司清算组申报债权。 陈某某遗失身份证，声明作废。某某有限公司遗失公章一枚，声明作废。某某商贸有限公司遗失营业执照正本，声明作废。某某科技有限公司遗失发票专用章，声明作废。某某建筑工程有限公司经股东会决议拟向公司登记机关申请注销登记，请债权人自本公告之日起45日内向本公司清算组申报债权。 陈某某遗失身份证，声明作废。某某有限公司遗失公章一枚，声明作废。某某商贸有限公司遗失营业执照正本，声明作废。某某科技有限公司遗失发票专用章，声明作废。某某建筑工程有限公司经股东会决议拟向公司登记机关申请注销登记，请债权人自本公告之日起45日内向本公司清算组申报债权。 陈某某遗失身份证，声明作废。某某有限公司遗失公章一枚，声明作废。某某商贸有限公司遗失营业执照正本，声明作废。某某科技有限公司遗失发票专用章，声明作废。某某建筑工程有限公司经股东会决议拟向公司登记机关申请注销登记，请债权人自本公告之日起45日内向本公司清算组申报债权。 陈某某遗失身份证，声明作废。某某有限公司遗失公章一枚，声明作废。某某商贸有限公司遗失营业执照正本，声明作废。某某科技有限公司遗失发票专用章，声明作废。某某建筑工程有限公司经股东会决议拟向公司登记机关申请注销登记，请债权人自本公告之日起45日内向本公司清算组申报债权。 陈某某遗失身份证，声明作废。某某有限公司遗失公章一枚，声明作废。某某商贸有限公司遗失营业执照正本，声明作废。某某科技有限公司遗失发票专用章，声明作废。某某建筑工程有限公司经股东会决议拟向公司登记机关申请注销登记，请债权人自本公告之日起45日内向本公司清算组申报债权。 陈某某遗失身份证，声明作废。某某有限公司遗失公章一枚，声明作废。某某商贸有限公司遗失营业执照正本，声明作废。某某科技有限公司遗失发票专用章，声明作废。某某建筑工程有限公司经股东会决议拟向公司登记机关申请注销登记，请债权人自本公告之日起45日内向本公司清算组申报债权。 陈某某遗失身份证，声明作废。某某有限公司遗失公章一枚，声明作废。某某商贸有限公司遗失营业执照正本，声明作废。某某科技有限公司遗失发票专用章，声明作废。某某建筑工程有限公司经股东会决议拟向公司登记机关申请注销登记，请债权人自本公告之日起45日内向本公司清算组申报债权。 陈某某遗失身份证，声明作废。某某有限公司遗失公章一枚，声明作废。某某商贸有限公司遗失营业执照正本，声明作废。某某科技有限公司遗失发票专用章，声明作废。某某建筑工程有限公司经股东会决议拟向公司登记机关申请注销登记，请债权人自本公告之日起45日内向本公司清算组申报债权。 陈某某遗失身份证，声明作废。某某有限公司遗失公章一枚，声明作废。某某商贸有限公司遗失营业执照正本，声明作废。某某科技有限公司遗失发票专用章，声明作废。某某建筑工程有限公司经股东会决议拟向公司登记机关申请注销登记，请债权人自本公告之日起45日内向本公司清算组申报债权。 陈某某遗失身份证，声明作废。某某有限公司遗失公章一枚，声明作废。某某商贸有限公司遗失营业执照正本，声明作废。某某科技有限公司遗失发票专用章，声明作废。某某建筑工程有限公司经股东会决议拟向公司登记机关申请注销登记，请债权人自本公告之日起45日内向本公司清算组申报债权。 陈某某遗失身份证，声明作废。某某有限公司遗失公章一枚，声明作废。某某商贸有限公司遗失营业执照正本，声明作废。某某科技有限公司遗失发票专用章，声明作废。某某建筑工程有限公司经股东会决议拟向公司登记机关申请注销登记，请债权人自本公告之日起45日内向本公司清算组申报债权。 陈某某遗失身份证，声明作废。某某有限公司遗失公章一枚，声明作废。某某商贸有限公司遗失营业执照正本，声明作废。某某科技有限公司遗失发票专用章，声明作废。某某建筑工程有限公司经股东会决议拟向公司登记机关申请注销登记，请债权人自本公告之日起45日内向本公司清算组申报债权。 陈某某遗失身份证，声明作废。某某有限公司遗失公章一枚，声明作废。某某商贸有限公司遗失营业执照正本，声明作废。某某科技有限公司遗失发票专用章，声明作废。某某建筑工程有限公司经股东会决议拟向公司登记机关申请注销登记，请债权人自本公告之日起45日内向本公司清算组申报债权。 陈某某遗失身份证，声明作废。某某有限公司遗失公章一枚，声明作废。某某商贸有限公司遗失营业执照正本，声明作废。某某科技有限公司遗失发票专用章，声明作废。某某建筑工程有限公司经股东会决议拟向公司登记机关申请注销登记，请债权人自本公告之日起45日内向本公司清算组申报债权。 陈某某遗失身份证，声明作废。某某有限公司遗失公章一枚，声明作废。某某商贸有限公司遗失营业执照正本，声明作废。某某科技有限公司遗失发票专用章，声明作废。某某建筑工程有限公司经股东会决议拟向公司登记机关申请注销登记，请债权人自本公告之日起45日内向本公司清算组申报债权。 陈某某遗失身份证，声明作废。某某有限公司遗失公章一枚，声明作废。某某商贸有限公司遗失营业执照正本，声明作废。某某科技有限公司遗失发票专用章，声明作废。某某建筑工程有限公司经股东会决议拟向公司登记机关申请注销登记，请债权人自本公告之日起45日内向本公司清算组申报债权。 陈某某遗失身份证，声明作废。某某有限公司遗失公章一枚，声明作废。某某商贸有限公司遗失营业执照正本，声明作废。某某科技有限公司遗失发票专用章，声明作废。某某建筑工程有限公司经股东会决议拟向公司登记机关申请注销登记，请债权人自本公告之日起45日内向本公司清算组申报债权。 陈某某遗失身份证，声明作废。某某有限公司遗失公章一枚，声明作废。某某商贸有限公司遗失营业执照正本，声明作废。某某科技有限公司遗失发票专用章，声明作废。某某建筑工程有限公司经股东会决议拟向公司登记机关申请注销登记，请债权人自本公告之日起45日内向本公司清算组申报债权。 陈某某遗失身份证，声明作废。某某有限公司遗失公章一枚，声明作废。某某商贸有限公司遗失营业执照正本，声明作废。某某科技有限公司遗失发票专用章，声明作废。某某建筑工程有限公司经股东会决议拟向公司登记机关申请注销登记，请债权人自本公告之日起45日内向本公司清算组申报债权。 陈某某遗失身份证，声明作废。某某有限公司遗失公章一枚，声明作废。某某商贸有限公司遗失营业执照正本，声明作废。某某科技有限公司遗失发票专用章，声明作废。某某建筑工程有限公司经股东会决议拟向公司登记机关申请注销登记，请债权人自本公告之日起45日内向本公司清算组申报债权。 陈某某遗失身份证，声明作废。某某有限公司遗失公章一枚，声明作废。某某商贸有限公司遗失营业执照正本，声明作废。某某科技有限公司遗失发票专用章，声明作废。某某建筑工程有限公司经股东会决议拟向公司登记机关申请注销登记，请债权人自本公告之日起45日内向本公司清算组申报债权。 陈某某遗失身份证，声明作废。某某有限公司遗失公章一枚，声明作废。某某商贸有限公司遗失营业执照正本，声明作废。某某科技有限公司遗失发票专用章，声明作废。某某建筑工程有限公司经股东会决议拟向公司登记机关申请注销登记，请债权人自本公告之日起45日内向本公司清算组申报债权。 陈某某遗失身份证，声明作废。某某有限公司遗失公章一枚，声明作废。某某商贸有限公司遗失营业执照正本，声明作废。某某科技有限公司遗失发票专用章，声明作废。某某建筑工程有限公司经股东会决议拟向公司登记机关申请注销登记，请债权人自本公告之日起45日内向本公司清算组申报债权。 陈某某遗失身份证，声明作废。某某有限公司遗失公章一枚，声明作废。某某商贸有限公司遗失营业执照正本，声明作废。某某科技有限公司遗失发票专用章，声明作废。某某建筑工程有限公司经股东会决议拟向公司登记机关申请注销登记，请债权人自本公告之日起45日内向本公司清算组申报债权。
公告专栏
某某餐饮管理有限公司遗失食品经营许可证正本，声明作废。某某药业有限公司遗失开户许可证，声明作废。某某物流有限公司经股东会决议减少注册资本，请债权人自本公告之日起45日内要求本公司清偿债务或者提供相应的担保。 某某餐饮管理有限公司遗失食品经营许可证正本，声明作废。某某药业有限公司遗失开户许可证，声明作废。某某物流有限公司经股东会决议减少注册资本，请债权人自本公告之日起45日内要求本公司清偿债务或者提供相应的担保。 某某餐饮管理有限公司遗失食品经营许可证正本，声明作废。某某药业有限公司遗失开户许可证，声明作废。某某物流有限公司经股东会决议减少注册资本，请债权人自本公告之日起45日内要求本公司清偿债务或者提供相应的担保。 某某餐饮管理有限公司遗失食品经营许可证正本，声明作废。某某药业有限公司遗失开户许可证，声明作废。某某物流有限公司经股东会决议减少注册资本，请债权人自本公告之日起45日内要求本公司清偿债务或者提供相应的担保。 某某餐饮管理有限公司遗失食品经营许可证正本，声明作废。某某药业有限公司遗失开户许可证，声明作废。某某物流有限公司经股东会决议减少注册资本，请债权人自本公告之日起45日内要求本公司清偿债务或者提供相应的担保。 某某餐饮管理有限公司遗失食品经营许可证正本，声明作废。某某药业有限公司遗失开户许可证，声明作废。某某物流有限公司经股东会决议减少注册资本，请债权人自本公告之日起45日内要求本公司清偿债务或者提供相应的担保。 某某餐饮管理有限公司遗失食品经营许可证正本，声明作废。某某药业有限公司遗失开户许可证，声明作废。某某物流有限公司经股东会决议减少注册资本，请债权人自本公告之日起45日内要求本公司清偿债务或者提供相应的担保。 某某餐饮管理有限公司遗失食品经营许可证正本，声明作废。某某药业有限公司遗失开户许可证，声明作废。某某物流有限公司经股东会决议减少注册资本，请债权人自本公告之日起45日内要求本公司清偿债务或者提供相应的担保。 某某餐饮管理有限公司遗失食品经营许可证正本，声明作废。某某药业有限公司遗失开户许可证，声明作废。某某物流有限公司经股东会决议减少注册资本，请债权人自本公告之日起45日内要求本公司清偿债务或者提供相应的担保。 某某餐饮管理有限公司遗失食品经营许可证正本，声明作废。某某药业有限公司遗失开户许可证，声明作废。某某物流有限公司经股东会决议减少注册资本，请债权人自本公告之日起45日内要求本公司清偿债务或者提供相应的担保。 某某餐饮管理有限公司遗失食品经营许可证正本，声明作废。某某药业有限公司遗失开户许可证，声明作废。某某物流有限公司经股东会决议减少注册资本，请债权人自本公告之日起45日内要求本公司清偿债务或者提供相应的担保。 某某餐饮管理有限公司遗失食品经营许可证正本，声明作废。某某药业有限公司遗失开户许可证，声明作废。某某物流有限公司经股东会决议减少注册资本，请债权人自本公告之日起45日内要求本公司清偿债务或者提供相应的担保。 某某餐饮管理有限公司遗失食品经营许可证正本，声明作废。某某药业有限公司遗失开户许可证，声明作废。某某物流有限公司经股东会决议减少注册资本，请债权人自本公告之日起45日内要求本公司清偿债务或者提供相应的担保。 某某餐饮管理有限公司遗失食品经营许可证正本，声明作废。某某药业有限公司遗失开户许可证，声明作废。某某物流有限公司经股东会决议减少注册资本，请债权人自本公告之日起45日内要求本公司清偿债务或者提供相应的担保。 某某餐饮管理有限公司遗失食品经营许可证正本，声明作废。某某药业有限公司遗失开户许可证，声明作废。某某物流有限公司经股东会决议减少注册资本，请债权人自本公告之日起45日内要求本公司清偿债务或者提供相应的担保。 某某餐饮管理有限公司遗失食品经营许可证正本，声明作废。某某药业有限公司遗失开户许可证，声明作废。某某物流有限公司经股东会决议减少注册资本，请债权人自本公告之日起45日内要求本公司清偿债务或者提供相应的担保。 某某餐饮管理有限公司遗失食品经营许可证正本，声明作废。某某药业有限公司遗失开户许可证，声明作废。某某物流有限公司经股东会决议减少注册资本，请债权人自本公告之日起45日内要求本公司清偿债务或者提供相应的担保。 某某餐饮管理有限公司遗失食品经营许可证正本，声明作废。某某药业有限公司遗失开户许可证，声明作废。某某物流有限公司经股东会决议减少注册资本，请债权人自本公告之日起45日内要求本公司清偿债务或者提供相应的担保。 某某餐饮管理有限公司遗失食品经营许可证正本，声明作废。某某药业有限公司遗失开户许可证，声明作废。某某物流有限公司经股东会决议减少注册资本，请债权人自本公告之日起45日内要求本公司清偿债务或者提供相应的担保。 某某餐饮管理有限公司遗失食品经营许可证正本，声明作废。某某药业有限公司遗失开户许可证，声明作废。某某物流有限公司经股东会决议减少注册资本，请债权人自本公告之日起45日内要求本公司清偿债务或者提供相应的担保。 某某餐饮管理有限公司遗失食品经营许可证正本，声明作废。某某药业有限公司遗失开户许可证，声明作废。某某物流有限公司经股东会决议减少注册资本，请债权人自本公告之日起45日内要求本公司清偿债务或者提供相应的担保。 某某餐饮管理有限公司遗失食品经营许可证正本，声明作废。某某药业有限公司遗失开户许可证，声明作废。某某物流有限公司经股东会决议减少注册资本，请债权人自本公告之日起45日内要求本公司清偿债务或者提供相应的担保。 某某餐饮管理有限公司遗失食品经营许可证正本，声明作废。某某药业有限公司遗失开户许可证，声明作废。某某物流有限公司经股东会决议减少注册资本，请债权人自本公告之日起45日内要求本公司清偿债务或者提供相应的担保。 某某餐饮管理有限公司遗失食品经营许可证正本，声明作废。某某药业有限公司遗失开户许可证，声明作废。某某物流有限公司经股东会决议减少注册资本，请债权人自本公告之日起45日内要求本公司清偿债务或者提供相应的担保。 某某餐饮管理有限公司遗失食品经营许可证正本，声明作废。某某药业有限公司遗失开户许可证，声明作废。某某物流有限公司经股东会决议减少注册资本，请债权人自本公告之日起45日内要求本公司清偿债务或者提供相应的担保。 某某餐饮管理有限公司遗失食品经营许可证正本，声明作废。某某药业有限公司遗失开户许可证，声明作废。某某物流有限公司经股东会决议减少注册资本，请债权人自本公告之日起45日内要求本公司清偿债务或者提供相应的担保。 某某餐饮管理有限公司遗失食品经营许可证正本，声明作废。某某药业有限公司遗失开户许可证，声明作废。某某物流有限公司经股东会决议减少注册资本，请债权人自本公告之日起45日内要求本公司清偿债务或者提供相应的担保。 某某餐饮管理有限公司遗失食品经营许可证正本，声明作废。某某药业有限公司遗失开户许可证，声明作废。某某物流有限公司经股东会决议减少注册资本，请债权人自本公告之日起45日内要求本公司清偿债务或者提供相应的担保。
寻亲公告
序号	姓名	性别	年龄
1	刘天明	男	35
2	冯小虎	男	42
3	陈永强	男	38
4	王建	男	29
5	李国富	男	51
6	张胜利	男	47
7	王小平	男	33
8	马文龙	男	44
9	杨东	男	26
10	陈兴	男	39
11	黄玉兵	男	52
12	张宏	男	31
13	刘军	男	45
14	周小明	男	28
15	王文	男	36
16	李强	男	40
17	陈刚	男	33
18	钱明	男	37
19	胡伟	男	49
20	叶新	男	30
21	赵勇	男	43
22	孙宏林	男	55
23	李明	男	27
24	魏大发	男	46
25	张龙	男	34
26	王宏亮	男	41
27	郑伟	男	32
28	徐军	男	50
某某餐饮管理有限公司遗失食品经营许可证正本，声明作废。某某药业有限公司遗失开户许可证，声明作废。某某物流有限公司经股东会决议减少注册资本，请债权人自本公告之日起45日内要求本公司清偿债务或者提供相应的担保。
成都市救助管理站
寻亲公告
序号	姓名	性别	年龄
1	周庆先	男	32
2	王忠	男	51
3	张民	男	42
4	向学	男	49
某某餐饮管理有限公司遗失食品经营许可证正本，声明作废。某某药业有限公司遗失开户许可证，声明作废。某某物流有限公司经股东会决议减少注册资本，请债权人自本公告之日起45日内要求本公司清偿债务或者提供相应的担保。
宜宾市救助管理站
